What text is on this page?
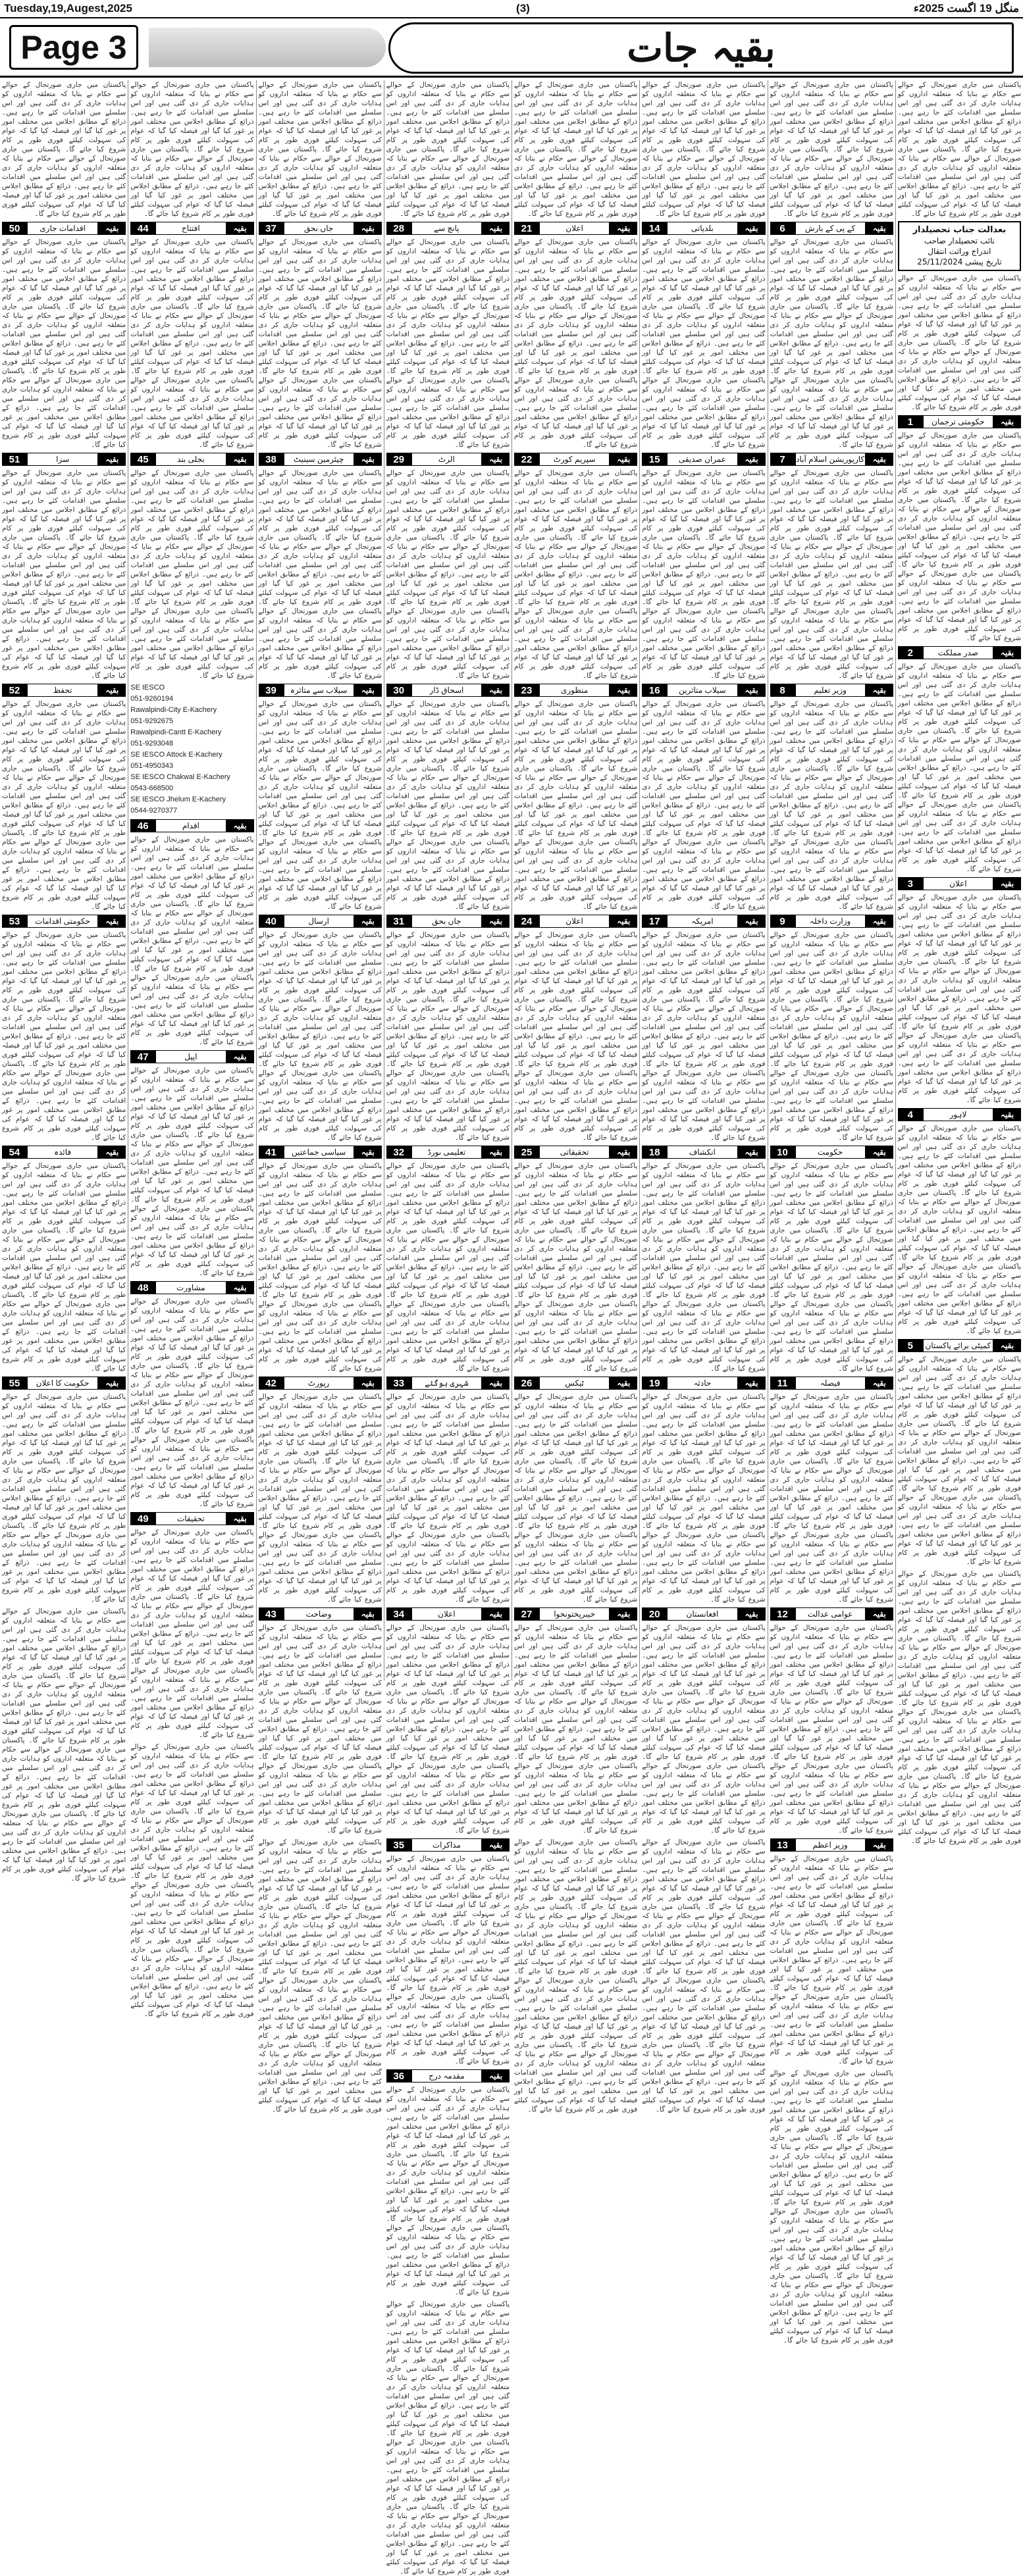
Tuesday,19,Augest,2025	(3)	منگل 19 اگست 2025ء
Page 3	بقیہ جات

پاکستان میں جاری صورتحال کے حوالے سے حکام نے بتایا کہ متعلقہ اداروں کو ہدایات جاری کر دی گئی ہیں اور اس سلسلے میں اقدامات کئے جا رہے ہیں۔ ذرائع کے مطابق اجلاس میں مختلف امور پر غور کیا گیا اور فیصلہ کیا گیا کہ عوام کی سہولت کیلئے فوری طور پر کام شروع کیا جائے گا۔ پاکستان میں جاری صورتحال کے حوالے سے حکام نے بتایا کہ متعلقہ اداروں کو ہدایات جاری کر دی گئی ہیں اور اس سلسلے میں اقدامات کئے جا رہے ہیں۔ ذرائع کے مطابق اجلاس میں مختلف امور پر غور کیا گیا اور فیصلہ کیا گیا کہ عوام کی سہولت کیلئے فوری طور پر کام شروع کیا جائے گا۔

بعدالت جناب تحصیلدار
نائب تحصیلدار صاحب
اندراج وراثت انتقال
تاریخ پیشی 25/11/2024

پاکستان میں جاری صورتحال کے حوالے سے حکام نے بتایا کہ متعلقہ اداروں کو ہدایات جاری کر دی گئی ہیں اور اس سلسلے میں اقدامات کئے جا رہے ہیں۔ ذرائع کے مطابق اجلاس میں مختلف امور پر غور کیا گیا اور فیصلہ کیا گیا کہ عوام کی سہولت کیلئے فوری طور پر کام شروع کیا جائے گا۔ پاکستان میں جاری صورتحال کے حوالے سے حکام نے بتایا کہ متعلقہ اداروں کو ہدایات جاری کر دی گئی ہیں اور اس سلسلے میں اقدامات کئے جا رہے ہیں۔ ذرائع کے مطابق اجلاس میں مختلف امور پر غور کیا گیا اور فیصلہ کیا گیا کہ عوام کی سہولت کیلئے فوری طور پر کام شروع کیا جائے گا۔

1	حکومتی ترجمان	بقیہ

پاکستان میں جاری صورتحال کے حوالے سے حکام نے بتایا کہ متعلقہ اداروں کو ہدایات جاری کر دی گئی ہیں اور اس سلسلے میں اقدامات کئے جا رہے ہیں۔ ذرائع کے مطابق اجلاس میں مختلف امور پر غور کیا گیا اور فیصلہ کیا گیا کہ عوام کی سہولت کیلئے فوری طور پر کام شروع کیا جائے گا۔ پاکستان میں جاری صورتحال کے حوالے سے حکام نے بتایا کہ متعلقہ اداروں کو ہدایات جاری کر دی گئی ہیں اور اس سلسلے میں اقدامات کئے جا رہے ہیں۔ ذرائع کے مطابق اجلاس میں مختلف امور پر غور کیا گیا اور فیصلہ کیا گیا کہ عوام کی سہولت کیلئے فوری طور پر کام شروع کیا جائے گا۔ پاکستان میں جاری صورتحال کے حوالے سے حکام نے بتایا کہ متعلقہ اداروں کو ہدایات جاری کر دی گئی ہیں اور اس سلسلے میں اقدامات کئے جا رہے ہیں۔ ذرائع کے مطابق اجلاس میں مختلف امور پر غور کیا گیا اور فیصلہ کیا گیا کہ عوام کی سہولت کیلئے فوری طور پر کام شروع کیا جائے گا۔

2	صدر مملکت	بقیہ

پاکستان میں جاری صورتحال کے حوالے سے حکام نے بتایا کہ متعلقہ اداروں کو ہدایات جاری کر دی گئی ہیں اور اس سلسلے میں اقدامات کئے جا رہے ہیں۔ ذرائع کے مطابق اجلاس میں مختلف امور پر غور کیا گیا اور فیصلہ کیا گیا کہ عوام کی سہولت کیلئے فوری طور پر کام شروع کیا جائے گا۔ پاکستان میں جاری صورتحال کے حوالے سے حکام نے بتایا کہ متعلقہ اداروں کو ہدایات جاری کر دی گئی ہیں اور اس سلسلے میں اقدامات کئے جا رہے ہیں۔ ذرائع کے مطابق اجلاس میں مختلف امور پر غور کیا گیا اور فیصلہ کیا گیا کہ عوام کی سہولت کیلئے فوری طور پر کام شروع کیا جائے گا۔ پاکستان میں جاری صورتحال کے حوالے سے حکام نے بتایا کہ متعلقہ اداروں کو ہدایات جاری کر دی گئی ہیں اور اس سلسلے میں اقدامات کئے جا رہے ہیں۔ ذرائع کے مطابق اجلاس میں مختلف امور پر غور کیا گیا اور فیصلہ کیا گیا کہ عوام کی سہولت کیلئے فوری طور پر کام شروع کیا جائے گا۔

3	اعلان	بقیہ

پاکستان میں جاری صورتحال کے حوالے سے حکام نے بتایا کہ متعلقہ اداروں کو ہدایات جاری کر دی گئی ہیں اور اس سلسلے میں اقدامات کئے جا رہے ہیں۔ ذرائع کے مطابق اجلاس میں مختلف امور پر غور کیا گیا اور فیصلہ کیا گیا کہ عوام کی سہولت کیلئے فوری طور پر کام شروع کیا جائے گا۔ پاکستان میں جاری صورتحال کے حوالے سے حکام نے بتایا کہ متعلقہ اداروں کو ہدایات جاری کر دی گئی ہیں اور اس سلسلے میں اقدامات کئے جا رہے ہیں۔ ذرائع کے مطابق اجلاس میں مختلف امور پر غور کیا گیا اور فیصلہ کیا گیا کہ عوام کی سہولت کیلئے فوری طور پر کام شروع کیا جائے گا۔ پاکستان میں جاری صورتحال کے حوالے سے حکام نے بتایا کہ متعلقہ اداروں کو ہدایات جاری کر دی گئی ہیں اور اس سلسلے میں اقدامات کئے جا رہے ہیں۔ ذرائع کے مطابق اجلاس میں مختلف امور پر غور کیا گیا اور فیصلہ کیا گیا کہ عوام کی سہولت کیلئے فوری طور پر کام شروع کیا جائے گا۔

4	لاہور	بقیہ

پاکستان میں جاری صورتحال کے حوالے سے حکام نے بتایا کہ متعلقہ اداروں کو ہدایات جاری کر دی گئی ہیں اور اس سلسلے میں اقدامات کئے جا رہے ہیں۔ ذرائع کے مطابق اجلاس میں مختلف امور پر غور کیا گیا اور فیصلہ کیا گیا کہ عوام کی سہولت کیلئے فوری طور پر کام شروع کیا جائے گا۔ پاکستان میں جاری صورتحال کے حوالے سے حکام نے بتایا کہ متعلقہ اداروں کو ہدایات جاری کر دی گئی ہیں اور اس سلسلے میں اقدامات کئے جا رہے ہیں۔ ذرائع کے مطابق اجلاس میں مختلف امور پر غور کیا گیا اور فیصلہ کیا گیا کہ عوام کی سہولت کیلئے فوری طور پر کام شروع کیا جائے گا۔ پاکستان میں جاری صورتحال کے حوالے سے حکام نے بتایا کہ متعلقہ اداروں کو ہدایات جاری کر دی گئی ہیں اور اس سلسلے میں اقدامات کئے جا رہے ہیں۔ ذرائع کے مطابق اجلاس میں مختلف امور پر غور کیا گیا اور فیصلہ کیا گیا کہ عوام کی سہولت کیلئے فوری طور پر کام شروع کیا جائے گا۔

5	کمیٹی برائے پاکستان	بقیہ

پاکستان میں جاری صورتحال کے حوالے سے حکام نے بتایا کہ متعلقہ اداروں کو ہدایات جاری کر دی گئی ہیں اور اس سلسلے میں اقدامات کئے جا رہے ہیں۔ ذرائع کے مطابق اجلاس میں مختلف امور پر غور کیا گیا اور فیصلہ کیا گیا کہ عوام کی سہولت کیلئے فوری طور پر کام شروع کیا جائے گا۔ پاکستان میں جاری صورتحال کے حوالے سے حکام نے بتایا کہ متعلقہ اداروں کو ہدایات جاری کر دی گئی ہیں اور اس سلسلے میں اقدامات کئے جا رہے ہیں۔ ذرائع کے مطابق اجلاس میں مختلف امور پر غور کیا گیا اور فیصلہ کیا گیا کہ عوام کی سہولت کیلئے فوری طور پر کام شروع کیا جائے گا۔ پاکستان میں جاری صورتحال کے حوالے سے حکام نے بتایا کہ متعلقہ اداروں کو ہدایات جاری کر دی گئی ہیں اور اس سلسلے میں اقدامات کئے جا رہے ہیں۔ ذرائع کے مطابق اجلاس میں مختلف امور پر غور کیا گیا اور فیصلہ کیا گیا کہ عوام کی سہولت کیلئے فوری طور پر کام شروع کیا جائے گا۔

پاکستان میں جاری صورتحال کے حوالے سے حکام نے بتایا کہ متعلقہ اداروں کو ہدایات جاری کر دی گئی ہیں اور اس سلسلے میں اقدامات کئے جا رہے ہیں۔ ذرائع کے مطابق اجلاس میں مختلف امور پر غور کیا گیا اور فیصلہ کیا گیا کہ عوام کی سہولت کیلئے فوری طور پر کام شروع کیا جائے گا۔ پاکستان میں جاری صورتحال کے حوالے سے حکام نے بتایا کہ متعلقہ اداروں کو ہدایات جاری کر دی گئی ہیں اور اس سلسلے میں اقدامات کئے جا رہے ہیں۔ ذرائع کے مطابق اجلاس میں مختلف امور پر غور کیا گیا اور فیصلہ کیا گیا کہ عوام کی سہولت کیلئے فوری طور پر کام شروع کیا جائے گا۔ پاکستان میں جاری صورتحال کے حوالے سے حکام نے بتایا کہ متعلقہ اداروں کو ہدایات جاری کر دی گئی ہیں اور اس سلسلے میں اقدامات کئے جا رہے ہیں۔ ذرائع کے مطابق اجلاس میں مختلف امور پر غور کیا گیا اور فیصلہ کیا گیا کہ عوام کی سہولت کیلئے فوری طور پر کام شروع کیا جائے گا۔ پاکستان میں جاری صورتحال کے حوالے سے حکام نے بتایا کہ متعلقہ اداروں کو ہدایات جاری کر دی گئی ہیں اور اس سلسلے میں اقدامات کئے جا رہے ہیں۔ ذرائع کے مطابق اجلاس میں مختلف امور پر غور کیا گیا اور فیصلہ کیا گیا کہ عوام کی سہولت کیلئے فوری طور پر کام شروع کیا جائے گا۔

پاکستان میں جاری صورتحال کے حوالے سے حکام نے بتایا کہ متعلقہ اداروں کو ہدایات جاری کر دی گئی ہیں اور اس سلسلے میں اقدامات کئے جا رہے ہیں۔ ذرائع کے مطابق اجلاس میں مختلف امور پر غور کیا گیا اور فیصلہ کیا گیا کہ عوام کی سہولت کیلئے فوری طور پر کام شروع کیا جائے گا۔ پاکستان میں جاری صورتحال کے حوالے سے حکام نے بتایا کہ متعلقہ اداروں کو ہدایات جاری کر دی گئی ہیں اور اس سلسلے میں اقدامات کئے جا رہے ہیں۔ ذرائع کے مطابق اجلاس میں مختلف امور پر غور کیا گیا اور فیصلہ کیا گیا کہ عوام کی سہولت کیلئے فوری طور پر کام شروع کیا جائے گا۔

6	کے پی کے بارش	بقیہ

پاکستان میں جاری صورتحال کے حوالے سے حکام نے بتایا کہ متعلقہ اداروں کو ہدایات جاری کر دی گئی ہیں اور اس سلسلے میں اقدامات کئے جا رہے ہیں۔ ذرائع کے مطابق اجلاس میں مختلف امور پر غور کیا گیا اور فیصلہ کیا گیا کہ عوام کی سہولت کیلئے فوری طور پر کام شروع کیا جائے گا۔ پاکستان میں جاری صورتحال کے حوالے سے حکام نے بتایا کہ متعلقہ اداروں کو ہدایات جاری کر دی گئی ہیں اور اس سلسلے میں اقدامات کئے جا رہے ہیں۔ ذرائع کے مطابق اجلاس میں مختلف امور پر غور کیا گیا اور فیصلہ کیا گیا کہ عوام کی سہولت کیلئے فوری طور پر کام شروع کیا جائے گا۔ پاکستان میں جاری صورتحال کے حوالے سے حکام نے بتایا کہ متعلقہ اداروں کو ہدایات جاری کر دی گئی ہیں اور اس سلسلے میں اقدامات کئے جا رہے ہیں۔ ذرائع کے مطابق اجلاس میں مختلف امور پر غور کیا گیا اور فیصلہ کیا گیا کہ عوام کی سہولت کیلئے فوری طور پر کام شروع کیا جائے گا۔

7	کارپوریشن اسلام آباد	بقیہ

پاکستان میں جاری صورتحال کے حوالے سے حکام نے بتایا کہ متعلقہ اداروں کو ہدایات جاری کر دی گئی ہیں اور اس سلسلے میں اقدامات کئے جا رہے ہیں۔ ذرائع کے مطابق اجلاس میں مختلف امور پر غور کیا گیا اور فیصلہ کیا گیا کہ عوام کی سہولت کیلئے فوری طور پر کام شروع کیا جائے گا۔ پاکستان میں جاری صورتحال کے حوالے سے حکام نے بتایا کہ متعلقہ اداروں کو ہدایات جاری کر دی گئی ہیں اور اس سلسلے میں اقدامات کئے جا رہے ہیں۔ ذرائع کے مطابق اجلاس میں مختلف امور پر غور کیا گیا اور فیصلہ کیا گیا کہ عوام کی سہولت کیلئے فوری طور پر کام شروع کیا جائے گا۔ پاکستان میں جاری صورتحال کے حوالے سے حکام نے بتایا کہ متعلقہ اداروں کو ہدایات جاری کر دی گئی ہیں اور اس سلسلے میں اقدامات کئے جا رہے ہیں۔ ذرائع کے مطابق اجلاس میں مختلف امور پر غور کیا گیا اور فیصلہ کیا گیا کہ عوام کی سہولت کیلئے فوری طور پر کام شروع کیا جائے گا۔

8	وزیر تعلیم	بقیہ

پاکستان میں جاری صورتحال کے حوالے سے حکام نے بتایا کہ متعلقہ اداروں کو ہدایات جاری کر دی گئی ہیں اور اس سلسلے میں اقدامات کئے جا رہے ہیں۔ ذرائع کے مطابق اجلاس میں مختلف امور پر غور کیا گیا اور فیصلہ کیا گیا کہ عوام کی سہولت کیلئے فوری طور پر کام شروع کیا جائے گا۔ پاکستان میں جاری صورتحال کے حوالے سے حکام نے بتایا کہ متعلقہ اداروں کو ہدایات جاری کر دی گئی ہیں اور اس سلسلے میں اقدامات کئے جا رہے ہیں۔ ذرائع کے مطابق اجلاس میں مختلف امور پر غور کیا گیا اور فیصلہ کیا گیا کہ عوام کی سہولت کیلئے فوری طور پر کام شروع کیا جائے گا۔ پاکستان میں جاری صورتحال کے حوالے سے حکام نے بتایا کہ متعلقہ اداروں کو ہدایات جاری کر دی گئی ہیں اور اس سلسلے میں اقدامات کئے جا رہے ہیں۔ ذرائع کے مطابق اجلاس میں مختلف امور پر غور کیا گیا اور فیصلہ کیا گیا کہ عوام کی سہولت کیلئے فوری طور پر کام شروع کیا جائے گا۔

9	وزارت داخلہ	بقیہ

پاکستان میں جاری صورتحال کے حوالے سے حکام نے بتایا کہ متعلقہ اداروں کو ہدایات جاری کر دی گئی ہیں اور اس سلسلے میں اقدامات کئے جا رہے ہیں۔ ذرائع کے مطابق اجلاس میں مختلف امور پر غور کیا گیا اور فیصلہ کیا گیا کہ عوام کی سہولت کیلئے فوری طور پر کام شروع کیا جائے گا۔ پاکستان میں جاری صورتحال کے حوالے سے حکام نے بتایا کہ متعلقہ اداروں کو ہدایات جاری کر دی گئی ہیں اور اس سلسلے میں اقدامات کئے جا رہے ہیں۔ ذرائع کے مطابق اجلاس میں مختلف امور پر غور کیا گیا اور فیصلہ کیا گیا کہ عوام کی سہولت کیلئے فوری طور پر کام شروع کیا جائے گا۔ پاکستان میں جاری صورتحال کے حوالے سے حکام نے بتایا کہ متعلقہ اداروں کو ہدایات جاری کر دی گئی ہیں اور اس سلسلے میں اقدامات کئے جا رہے ہیں۔ ذرائع کے مطابق اجلاس میں مختلف امور پر غور کیا گیا اور فیصلہ کیا گیا کہ عوام کی سہولت کیلئے فوری طور پر کام شروع کیا جائے گا۔

10	حکومت	بقیہ

پاکستان میں جاری صورتحال کے حوالے سے حکام نے بتایا کہ متعلقہ اداروں کو ہدایات جاری کر دی گئی ہیں اور اس سلسلے میں اقدامات کئے جا رہے ہیں۔ ذرائع کے مطابق اجلاس میں مختلف امور پر غور کیا گیا اور فیصلہ کیا گیا کہ عوام کی سہولت کیلئے فوری طور پر کام شروع کیا جائے گا۔ پاکستان میں جاری صورتحال کے حوالے سے حکام نے بتایا کہ متعلقہ اداروں کو ہدایات جاری کر دی گئی ہیں اور اس سلسلے میں اقدامات کئے جا رہے ہیں۔ ذرائع کے مطابق اجلاس میں مختلف امور پر غور کیا گیا اور فیصلہ کیا گیا کہ عوام کی سہولت کیلئے فوری طور پر کام شروع کیا جائے گا۔ پاکستان میں جاری صورتحال کے حوالے سے حکام نے بتایا کہ متعلقہ اداروں کو ہدایات جاری کر دی گئی ہیں اور اس سلسلے میں اقدامات کئے جا رہے ہیں۔ ذرائع کے مطابق اجلاس میں مختلف امور پر غور کیا گیا اور فیصلہ کیا گیا کہ عوام کی سہولت کیلئے فوری طور پر کام شروع کیا جائے گا۔

11	فیصلہ	بقیہ

پاکستان میں جاری صورتحال کے حوالے سے حکام نے بتایا کہ متعلقہ اداروں کو ہدایات جاری کر دی گئی ہیں اور اس سلسلے میں اقدامات کئے جا رہے ہیں۔ ذرائع کے مطابق اجلاس میں مختلف امور پر غور کیا گیا اور فیصلہ کیا گیا کہ عوام کی سہولت کیلئے فوری طور پر کام شروع کیا جائے گا۔ پاکستان میں جاری صورتحال کے حوالے سے حکام نے بتایا کہ متعلقہ اداروں کو ہدایات جاری کر دی گئی ہیں اور اس سلسلے میں اقدامات کئے جا رہے ہیں۔ ذرائع کے مطابق اجلاس میں مختلف امور پر غور کیا گیا اور فیصلہ کیا گیا کہ عوام کی سہولت کیلئے فوری طور پر کام شروع کیا جائے گا۔ پاکستان میں جاری صورتحال کے حوالے سے حکام نے بتایا کہ متعلقہ اداروں کو ہدایات جاری کر دی گئی ہیں اور اس سلسلے میں اقدامات کئے جا رہے ہیں۔ ذرائع کے مطابق اجلاس میں مختلف امور پر غور کیا گیا اور فیصلہ کیا گیا کہ عوام کی سہولت کیلئے فوری طور پر کام شروع کیا جائے گا۔

12	عوامی عدالت	بقیہ

پاکستان میں جاری صورتحال کے حوالے سے حکام نے بتایا کہ متعلقہ اداروں کو ہدایات جاری کر دی گئی ہیں اور اس سلسلے میں اقدامات کئے جا رہے ہیں۔ ذرائع کے مطابق اجلاس میں مختلف امور پر غور کیا گیا اور فیصلہ کیا گیا کہ عوام کی سہولت کیلئے فوری طور پر کام شروع کیا جائے گا۔ پاکستان میں جاری صورتحال کے حوالے سے حکام نے بتایا کہ متعلقہ اداروں کو ہدایات جاری کر دی گئی ہیں اور اس سلسلے میں اقدامات کئے جا رہے ہیں۔ ذرائع کے مطابق اجلاس میں مختلف امور پر غور کیا گیا اور فیصلہ کیا گیا کہ عوام کی سہولت کیلئے فوری طور پر کام شروع کیا جائے گا۔ پاکستان میں جاری صورتحال کے حوالے سے حکام نے بتایا کہ متعلقہ اداروں کو ہدایات جاری کر دی گئی ہیں اور اس سلسلے میں اقدامات کئے جا رہے ہیں۔ ذرائع کے مطابق اجلاس میں مختلف امور پر غور کیا گیا اور فیصلہ کیا گیا کہ عوام کی سہولت کیلئے فوری طور پر کام شروع کیا جائے گا۔

13	وزیر اعظم	بقیہ

پاکستان میں جاری صورتحال کے حوالے سے حکام نے بتایا کہ متعلقہ اداروں کو ہدایات جاری کر دی گئی ہیں اور اس سلسلے میں اقدامات کئے جا رہے ہیں۔ ذرائع کے مطابق اجلاس میں مختلف امور پر غور کیا گیا اور فیصلہ کیا گیا کہ عوام کی سہولت کیلئے فوری طور پر کام شروع کیا جائے گا۔ پاکستان میں جاری صورتحال کے حوالے سے حکام نے بتایا کہ متعلقہ اداروں کو ہدایات جاری کر دی گئی ہیں اور اس سلسلے میں اقدامات کئے جا رہے ہیں۔ ذرائع کے مطابق اجلاس میں مختلف امور پر غور کیا گیا اور فیصلہ کیا گیا کہ عوام کی سہولت کیلئے فوری طور پر کام شروع کیا جائے گا۔ پاکستان میں جاری صورتحال کے حوالے سے حکام نے بتایا کہ متعلقہ اداروں کو ہدایات جاری کر دی گئی ہیں اور اس سلسلے میں اقدامات کئے جا رہے ہیں۔ ذرائع کے مطابق اجلاس میں مختلف امور پر غور کیا گیا اور فیصلہ کیا گیا کہ عوام کی سہولت کیلئے فوری طور پر کام شروع کیا جائے گا۔

پاکستان میں جاری صورتحال کے حوالے سے حکام نے بتایا کہ متعلقہ اداروں کو ہدایات جاری کر دی گئی ہیں اور اس سلسلے میں اقدامات کئے جا رہے ہیں۔ ذرائع کے مطابق اجلاس میں مختلف امور پر غور کیا گیا اور فیصلہ کیا گیا کہ عوام کی سہولت کیلئے فوری طور پر کام شروع کیا جائے گا۔ پاکستان میں جاری صورتحال کے حوالے سے حکام نے بتایا کہ متعلقہ اداروں کو ہدایات جاری کر دی گئی ہیں اور اس سلسلے میں اقدامات کئے جا رہے ہیں۔ ذرائع کے مطابق اجلاس میں مختلف امور پر غور کیا گیا اور فیصلہ کیا گیا کہ عوام کی سہولت کیلئے فوری طور پر کام شروع کیا جائے گا۔ پاکستان میں جاری صورتحال کے حوالے سے حکام نے بتایا کہ متعلقہ اداروں کو ہدایات جاری کر دی گئی ہیں اور اس سلسلے میں اقدامات کئے جا رہے ہیں۔ ذرائع کے مطابق اجلاس میں مختلف امور پر غور کیا گیا اور فیصلہ کیا گیا کہ عوام کی سہولت کیلئے فوری طور پر کام شروع کیا جائے گا۔ پاکستان میں جاری صورتحال کے حوالے سے حکام نے بتایا کہ متعلقہ اداروں کو ہدایات جاری کر دی گئی ہیں اور اس سلسلے میں اقدامات کئے جا رہے ہیں۔ ذرائع کے مطابق اجلاس میں مختلف امور پر غور کیا گیا اور فیصلہ کیا گیا کہ عوام کی سہولت کیلئے فوری طور پر کام شروع کیا جائے گا۔

پاکستان میں جاری صورتحال کے حوالے سے حکام نے بتایا کہ متعلقہ اداروں کو ہدایات جاری کر دی گئی ہیں اور اس سلسلے میں اقدامات کئے جا رہے ہیں۔ ذرائع کے مطابق اجلاس میں مختلف امور پر غور کیا گیا اور فیصلہ کیا گیا کہ عوام کی سہولت کیلئے فوری طور پر کام شروع کیا جائے گا۔ پاکستان میں جاری صورتحال کے حوالے سے حکام نے بتایا کہ متعلقہ اداروں کو ہدایات جاری کر دی گئی ہیں اور اس سلسلے میں اقدامات کئے جا رہے ہیں۔ ذرائع کے مطابق اجلاس میں مختلف امور پر غور کیا گیا اور فیصلہ کیا گیا کہ عوام کی سہولت کیلئے فوری طور پر کام شروع کیا جائے گا۔

14	بلدیاتی	بقیہ

پاکستان میں جاری صورتحال کے حوالے سے حکام نے بتایا کہ متعلقہ اداروں کو ہدایات جاری کر دی گئی ہیں اور اس سلسلے میں اقدامات کئے جا رہے ہیں۔ ذرائع کے مطابق اجلاس میں مختلف امور پر غور کیا گیا اور فیصلہ کیا گیا کہ عوام کی سہولت کیلئے فوری طور پر کام شروع کیا جائے گا۔ پاکستان میں جاری صورتحال کے حوالے سے حکام نے بتایا کہ متعلقہ اداروں کو ہدایات جاری کر دی گئی ہیں اور اس سلسلے میں اقدامات کئے جا رہے ہیں۔ ذرائع کے مطابق اجلاس میں مختلف امور پر غور کیا گیا اور فیصلہ کیا گیا کہ عوام کی سہولت کیلئے فوری طور پر کام شروع کیا جائے گا۔ پاکستان میں جاری صورتحال کے حوالے سے حکام نے بتایا کہ متعلقہ اداروں کو ہدایات جاری کر دی گئی ہیں اور اس سلسلے میں اقدامات کئے جا رہے ہیں۔ ذرائع کے مطابق اجلاس میں مختلف امور پر غور کیا گیا اور فیصلہ کیا گیا کہ عوام کی سہولت کیلئے فوری طور پر کام شروع کیا جائے گا۔

15	عمران صدیقی	بقیہ

پاکستان میں جاری صورتحال کے حوالے سے حکام نے بتایا کہ متعلقہ اداروں کو ہدایات جاری کر دی گئی ہیں اور اس سلسلے میں اقدامات کئے جا رہے ہیں۔ ذرائع کے مطابق اجلاس میں مختلف امور پر غور کیا گیا اور فیصلہ کیا گیا کہ عوام کی سہولت کیلئے فوری طور پر کام شروع کیا جائے گا۔ پاکستان میں جاری صورتحال کے حوالے سے حکام نے بتایا کہ متعلقہ اداروں کو ہدایات جاری کر دی گئی ہیں اور اس سلسلے میں اقدامات کئے جا رہے ہیں۔ ذرائع کے مطابق اجلاس میں مختلف امور پر غور کیا گیا اور فیصلہ کیا گیا کہ عوام کی سہولت کیلئے فوری طور پر کام شروع کیا جائے گا۔ پاکستان میں جاری صورتحال کے حوالے سے حکام نے بتایا کہ متعلقہ اداروں کو ہدایات جاری کر دی گئی ہیں اور اس سلسلے میں اقدامات کئے جا رہے ہیں۔ ذرائع کے مطابق اجلاس میں مختلف امور پر غور کیا گیا اور فیصلہ کیا گیا کہ عوام کی سہولت کیلئے فوری طور پر کام شروع کیا جائے گا۔

16	سیلاب متاثرین	بقیہ

پاکستان میں جاری صورتحال کے حوالے سے حکام نے بتایا کہ متعلقہ اداروں کو ہدایات جاری کر دی گئی ہیں اور اس سلسلے میں اقدامات کئے جا رہے ہیں۔ ذرائع کے مطابق اجلاس میں مختلف امور پر غور کیا گیا اور فیصلہ کیا گیا کہ عوام کی سہولت کیلئے فوری طور پر کام شروع کیا جائے گا۔ پاکستان میں جاری صورتحال کے حوالے سے حکام نے بتایا کہ متعلقہ اداروں کو ہدایات جاری کر دی گئی ہیں اور اس سلسلے میں اقدامات کئے جا رہے ہیں۔ ذرائع کے مطابق اجلاس میں مختلف امور پر غور کیا گیا اور فیصلہ کیا گیا کہ عوام کی سہولت کیلئے فوری طور پر کام شروع کیا جائے گا۔ پاکستان میں جاری صورتحال کے حوالے سے حکام نے بتایا کہ متعلقہ اداروں کو ہدایات جاری کر دی گئی ہیں اور اس سلسلے میں اقدامات کئے جا رہے ہیں۔ ذرائع کے مطابق اجلاس میں مختلف امور پر غور کیا گیا اور فیصلہ کیا گیا کہ عوام کی سہولت کیلئے فوری طور پر کام شروع کیا جائے گا۔

17	امریکہ	بقیہ

پاکستان میں جاری صورتحال کے حوالے سے حکام نے بتایا کہ متعلقہ اداروں کو ہدایات جاری کر دی گئی ہیں اور اس سلسلے میں اقدامات کئے جا رہے ہیں۔ ذرائع کے مطابق اجلاس میں مختلف امور پر غور کیا گیا اور فیصلہ کیا گیا کہ عوام کی سہولت کیلئے فوری طور پر کام شروع کیا جائے گا۔ پاکستان میں جاری صورتحال کے حوالے سے حکام نے بتایا کہ متعلقہ اداروں کو ہدایات جاری کر دی گئی ہیں اور اس سلسلے میں اقدامات کئے جا رہے ہیں۔ ذرائع کے مطابق اجلاس میں مختلف امور پر غور کیا گیا اور فیصلہ کیا گیا کہ عوام کی سہولت کیلئے فوری طور پر کام شروع کیا جائے گا۔ پاکستان میں جاری صورتحال کے حوالے سے حکام نے بتایا کہ متعلقہ اداروں کو ہدایات جاری کر دی گئی ہیں اور اس سلسلے میں اقدامات کئے جا رہے ہیں۔ ذرائع کے مطابق اجلاس میں مختلف امور پر غور کیا گیا اور فیصلہ کیا گیا کہ عوام کی سہولت کیلئے فوری طور پر کام شروع کیا جائے گا۔

18	انکشاف	بقیہ

پاکستان میں جاری صورتحال کے حوالے سے حکام نے بتایا کہ متعلقہ اداروں کو ہدایات جاری کر دی گئی ہیں اور اس سلسلے میں اقدامات کئے جا رہے ہیں۔ ذرائع کے مطابق اجلاس میں مختلف امور پر غور کیا گیا اور فیصلہ کیا گیا کہ عوام کی سہولت کیلئے فوری طور پر کام شروع کیا جائے گا۔ پاکستان میں جاری صورتحال کے حوالے سے حکام نے بتایا کہ متعلقہ اداروں کو ہدایات جاری کر دی گئی ہیں اور اس سلسلے میں اقدامات کئے جا رہے ہیں۔ ذرائع کے مطابق اجلاس میں مختلف امور پر غور کیا گیا اور فیصلہ کیا گیا کہ عوام کی سہولت کیلئے فوری طور پر کام شروع کیا جائے گا۔ پاکستان میں جاری صورتحال کے حوالے سے حکام نے بتایا کہ متعلقہ اداروں کو ہدایات جاری کر دی گئی ہیں اور اس سلسلے میں اقدامات کئے جا رہے ہیں۔ ذرائع کے مطابق اجلاس میں مختلف امور پر غور کیا گیا اور فیصلہ کیا گیا کہ عوام کی سہولت کیلئے فوری طور پر کام شروع کیا جائے گا۔

19	حادثہ	بقیہ

پاکستان میں جاری صورتحال کے حوالے سے حکام نے بتایا کہ متعلقہ اداروں کو ہدایات جاری کر دی گئی ہیں اور اس سلسلے میں اقدامات کئے جا رہے ہیں۔ ذرائع کے مطابق اجلاس میں مختلف امور پر غور کیا گیا اور فیصلہ کیا گیا کہ عوام کی سہولت کیلئے فوری طور پر کام شروع کیا جائے گا۔ پاکستان میں جاری صورتحال کے حوالے سے حکام نے بتایا کہ متعلقہ اداروں کو ہدایات جاری کر دی گئی ہیں اور اس سلسلے میں اقدامات کئے جا رہے ہیں۔ ذرائع کے مطابق اجلاس میں مختلف امور پر غور کیا گیا اور فیصلہ کیا گیا کہ عوام کی سہولت کیلئے فوری طور پر کام شروع کیا جائے گا۔ پاکستان میں جاری صورتحال کے حوالے سے حکام نے بتایا کہ متعلقہ اداروں کو ہدایات جاری کر دی گئی ہیں اور اس سلسلے میں اقدامات کئے جا رہے ہیں۔ ذرائع کے مطابق اجلاس میں مختلف امور پر غور کیا گیا اور فیصلہ کیا گیا کہ عوام کی سہولت کیلئے فوری طور پر کام شروع کیا جائے گا۔

20	افغانستان	بقیہ

پاکستان میں جاری صورتحال کے حوالے سے حکام نے بتایا کہ متعلقہ اداروں کو ہدایات جاری کر دی گئی ہیں اور اس سلسلے میں اقدامات کئے جا رہے ہیں۔ ذرائع کے مطابق اجلاس میں مختلف امور پر غور کیا گیا اور فیصلہ کیا گیا کہ عوام کی سہولت کیلئے فوری طور پر کام شروع کیا جائے گا۔ پاکستان میں جاری صورتحال کے حوالے سے حکام نے بتایا کہ متعلقہ اداروں کو ہدایات جاری کر دی گئی ہیں اور اس سلسلے میں اقدامات کئے جا رہے ہیں۔ ذرائع کے مطابق اجلاس میں مختلف امور پر غور کیا گیا اور فیصلہ کیا گیا کہ عوام کی سہولت کیلئے فوری طور پر کام شروع کیا جائے گا۔ پاکستان میں جاری صورتحال کے حوالے سے حکام نے بتایا کہ متعلقہ اداروں کو ہدایات جاری کر دی گئی ہیں اور اس سلسلے میں اقدامات کئے جا رہے ہیں۔ ذرائع کے مطابق اجلاس میں مختلف امور پر غور کیا گیا اور فیصلہ کیا گیا کہ عوام کی سہولت کیلئے فوری طور پر کام شروع کیا جائے گا۔

پاکستان میں جاری صورتحال کے حوالے سے حکام نے بتایا کہ متعلقہ اداروں کو ہدایات جاری کر دی گئی ہیں اور اس سلسلے میں اقدامات کئے جا رہے ہیں۔ ذرائع کے مطابق اجلاس میں مختلف امور پر غور کیا گیا اور فیصلہ کیا گیا کہ عوام کی سہولت کیلئے فوری طور پر کام شروع کیا جائے گا۔ پاکستان میں جاری صورتحال کے حوالے سے حکام نے بتایا کہ متعلقہ اداروں کو ہدایات جاری کر دی گئی ہیں اور اس سلسلے میں اقدامات کئے جا رہے ہیں۔ ذرائع کے مطابق اجلاس میں مختلف امور پر غور کیا گیا اور فیصلہ کیا گیا کہ عوام کی سہولت کیلئے فوری طور پر کام شروع کیا جائے گا۔ پاکستان میں جاری صورتحال کے حوالے سے حکام نے بتایا کہ متعلقہ اداروں کو ہدایات جاری کر دی گئی ہیں اور اس سلسلے میں اقدامات کئے جا رہے ہیں۔ ذرائع کے مطابق اجلاس میں مختلف امور پر غور کیا گیا اور فیصلہ کیا گیا کہ عوام کی سہولت کیلئے فوری طور پر کام شروع کیا جائے گا۔ پاکستان میں جاری صورتحال کے حوالے سے حکام نے بتایا کہ متعلقہ اداروں کو ہدایات جاری کر دی گئی ہیں اور اس سلسلے میں اقدامات کئے جا رہے ہیں۔ ذرائع کے مطابق اجلاس میں مختلف امور پر غور کیا گیا اور فیصلہ کیا گیا کہ عوام کی سہولت کیلئے فوری طور پر کام شروع کیا جائے گا۔

پاکستان میں جاری صورتحال کے حوالے سے حکام نے بتایا کہ متعلقہ اداروں کو ہدایات جاری کر دی گئی ہیں اور اس سلسلے میں اقدامات کئے جا رہے ہیں۔ ذرائع کے مطابق اجلاس میں مختلف امور پر غور کیا گیا اور فیصلہ کیا گیا کہ عوام کی سہولت کیلئے فوری طور پر کام شروع کیا جائے گا۔ پاکستان میں جاری صورتحال کے حوالے سے حکام نے بتایا کہ متعلقہ اداروں کو ہدایات جاری کر دی گئی ہیں اور اس سلسلے میں اقدامات کئے جا رہے ہیں۔ ذرائع کے مطابق اجلاس میں مختلف امور پر غور کیا گیا اور فیصلہ کیا گیا کہ عوام کی سہولت کیلئے فوری طور پر کام شروع کیا جائے گا۔

21	اعلان	بقیہ

پاکستان میں جاری صورتحال کے حوالے سے حکام نے بتایا کہ متعلقہ اداروں کو ہدایات جاری کر دی گئی ہیں اور اس سلسلے میں اقدامات کئے جا رہے ہیں۔ ذرائع کے مطابق اجلاس میں مختلف امور پر غور کیا گیا اور فیصلہ کیا گیا کہ عوام کی سہولت کیلئے فوری طور پر کام شروع کیا جائے گا۔ پاکستان میں جاری صورتحال کے حوالے سے حکام نے بتایا کہ متعلقہ اداروں کو ہدایات جاری کر دی گئی ہیں اور اس سلسلے میں اقدامات کئے جا رہے ہیں۔ ذرائع کے مطابق اجلاس میں مختلف امور پر غور کیا گیا اور فیصلہ کیا گیا کہ عوام کی سہولت کیلئے فوری طور پر کام شروع کیا جائے گا۔ پاکستان میں جاری صورتحال کے حوالے سے حکام نے بتایا کہ متعلقہ اداروں کو ہدایات جاری کر دی گئی ہیں اور اس سلسلے میں اقدامات کئے جا رہے ہیں۔ ذرائع کے مطابق اجلاس میں مختلف امور پر غور کیا گیا اور فیصلہ کیا گیا کہ عوام کی سہولت کیلئے فوری طور پر کام شروع کیا جائے گا۔

22	سپریم کورٹ	بقیہ

پاکستان میں جاری صورتحال کے حوالے سے حکام نے بتایا کہ متعلقہ اداروں کو ہدایات جاری کر دی گئی ہیں اور اس سلسلے میں اقدامات کئے جا رہے ہیں۔ ذرائع کے مطابق اجلاس میں مختلف امور پر غور کیا گیا اور فیصلہ کیا گیا کہ عوام کی سہولت کیلئے فوری طور پر کام شروع کیا جائے گا۔ پاکستان میں جاری صورتحال کے حوالے سے حکام نے بتایا کہ متعلقہ اداروں کو ہدایات جاری کر دی گئی ہیں اور اس سلسلے میں اقدامات کئے جا رہے ہیں۔ ذرائع کے مطابق اجلاس میں مختلف امور پر غور کیا گیا اور فیصلہ کیا گیا کہ عوام کی سہولت کیلئے فوری طور پر کام شروع کیا جائے گا۔ پاکستان میں جاری صورتحال کے حوالے سے حکام نے بتایا کہ متعلقہ اداروں کو ہدایات جاری کر دی گئی ہیں اور اس سلسلے میں اقدامات کئے جا رہے ہیں۔ ذرائع کے مطابق اجلاس میں مختلف امور پر غور کیا گیا اور فیصلہ کیا گیا کہ عوام کی سہولت کیلئے فوری طور پر کام شروع کیا جائے گا۔

23	منظوری	بقیہ

پاکستان میں جاری صورتحال کے حوالے سے حکام نے بتایا کہ متعلقہ اداروں کو ہدایات جاری کر دی گئی ہیں اور اس سلسلے میں اقدامات کئے جا رہے ہیں۔ ذرائع کے مطابق اجلاس میں مختلف امور پر غور کیا گیا اور فیصلہ کیا گیا کہ عوام کی سہولت کیلئے فوری طور پر کام شروع کیا جائے گا۔ پاکستان میں جاری صورتحال کے حوالے سے حکام نے بتایا کہ متعلقہ اداروں کو ہدایات جاری کر دی گئی ہیں اور اس سلسلے میں اقدامات کئے جا رہے ہیں۔ ذرائع کے مطابق اجلاس میں مختلف امور پر غور کیا گیا اور فیصلہ کیا گیا کہ عوام کی سہولت کیلئے فوری طور پر کام شروع کیا جائے گا۔ پاکستان میں جاری صورتحال کے حوالے سے حکام نے بتایا کہ متعلقہ اداروں کو ہدایات جاری کر دی گئی ہیں اور اس سلسلے میں اقدامات کئے جا رہے ہیں۔ ذرائع کے مطابق اجلاس میں مختلف امور پر غور کیا گیا اور فیصلہ کیا گیا کہ عوام کی سہولت کیلئے فوری طور پر کام شروع کیا جائے گا۔

24	اعلان	بقیہ

پاکستان میں جاری صورتحال کے حوالے سے حکام نے بتایا کہ متعلقہ اداروں کو ہدایات جاری کر دی گئی ہیں اور اس سلسلے میں اقدامات کئے جا رہے ہیں۔ ذرائع کے مطابق اجلاس میں مختلف امور پر غور کیا گیا اور فیصلہ کیا گیا کہ عوام کی سہولت کیلئے فوری طور پر کام شروع کیا جائے گا۔ پاکستان میں جاری صورتحال کے حوالے سے حکام نے بتایا کہ متعلقہ اداروں کو ہدایات جاری کر دی گئی ہیں اور اس سلسلے میں اقدامات کئے جا رہے ہیں۔ ذرائع کے مطابق اجلاس میں مختلف امور پر غور کیا گیا اور فیصلہ کیا گیا کہ عوام کی سہولت کیلئے فوری طور پر کام شروع کیا جائے گا۔ پاکستان میں جاری صورتحال کے حوالے سے حکام نے بتایا کہ متعلقہ اداروں کو ہدایات جاری کر دی گئی ہیں اور اس سلسلے میں اقدامات کئے جا رہے ہیں۔ ذرائع کے مطابق اجلاس میں مختلف امور پر غور کیا گیا اور فیصلہ کیا گیا کہ عوام کی سہولت کیلئے فوری طور پر کام شروع کیا جائے گا۔

25	تحقیقاتی	بقیہ

پاکستان میں جاری صورتحال کے حوالے سے حکام نے بتایا کہ متعلقہ اداروں کو ہدایات جاری کر دی گئی ہیں اور اس سلسلے میں اقدامات کئے جا رہے ہیں۔ ذرائع کے مطابق اجلاس میں مختلف امور پر غور کیا گیا اور فیصلہ کیا گیا کہ عوام کی سہولت کیلئے فوری طور پر کام شروع کیا جائے گا۔ پاکستان میں جاری صورتحال کے حوالے سے حکام نے بتایا کہ متعلقہ اداروں کو ہدایات جاری کر دی گئی ہیں اور اس سلسلے میں اقدامات کئے جا رہے ہیں۔ ذرائع کے مطابق اجلاس میں مختلف امور پر غور کیا گیا اور فیصلہ کیا گیا کہ عوام کی سہولت کیلئے فوری طور پر کام شروع کیا جائے گا۔ پاکستان میں جاری صورتحال کے حوالے سے حکام نے بتایا کہ متعلقہ اداروں کو ہدایات جاری کر دی گئی ہیں اور اس سلسلے میں اقدامات کئے جا رہے ہیں۔ ذرائع کے مطابق اجلاس میں مختلف امور پر غور کیا گیا اور فیصلہ کیا گیا کہ عوام کی سہولت کیلئے فوری طور پر کام شروع کیا جائے گا۔

26	ٹیکس	بقیہ

پاکستان میں جاری صورتحال کے حوالے سے حکام نے بتایا کہ متعلقہ اداروں کو ہدایات جاری کر دی گئی ہیں اور اس سلسلے میں اقدامات کئے جا رہے ہیں۔ ذرائع کے مطابق اجلاس میں مختلف امور پر غور کیا گیا اور فیصلہ کیا گیا کہ عوام کی سہولت کیلئے فوری طور پر کام شروع کیا جائے گا۔ پاکستان میں جاری صورتحال کے حوالے سے حکام نے بتایا کہ متعلقہ اداروں کو ہدایات جاری کر دی گئی ہیں اور اس سلسلے میں اقدامات کئے جا رہے ہیں۔ ذرائع کے مطابق اجلاس میں مختلف امور پر غور کیا گیا اور فیصلہ کیا گیا کہ عوام کی سہولت کیلئے فوری طور پر کام شروع کیا جائے گا۔ پاکستان میں جاری صورتحال کے حوالے سے حکام نے بتایا کہ متعلقہ اداروں کو ہدایات جاری کر دی گئی ہیں اور اس سلسلے میں اقدامات کئے جا رہے ہیں۔ ذرائع کے مطابق اجلاس میں مختلف امور پر غور کیا گیا اور فیصلہ کیا گیا کہ عوام کی سہولت کیلئے فوری طور پر کام شروع کیا جائے گا۔

27	خیبرپختونخوا	بقیہ

پاکستان میں جاری صورتحال کے حوالے سے حکام نے بتایا کہ متعلقہ اداروں کو ہدایات جاری کر دی گئی ہیں اور اس سلسلے میں اقدامات کئے جا رہے ہیں۔ ذرائع کے مطابق اجلاس میں مختلف امور پر غور کیا گیا اور فیصلہ کیا گیا کہ عوام کی سہولت کیلئے فوری طور پر کام شروع کیا جائے گا۔ پاکستان میں جاری صورتحال کے حوالے سے حکام نے بتایا کہ متعلقہ اداروں کو ہدایات جاری کر دی گئی ہیں اور اس سلسلے میں اقدامات کئے جا رہے ہیں۔ ذرائع کے مطابق اجلاس میں مختلف امور پر غور کیا گیا اور فیصلہ کیا گیا کہ عوام کی سہولت کیلئے فوری طور پر کام شروع کیا جائے گا۔ پاکستان میں جاری صورتحال کے حوالے سے حکام نے بتایا کہ متعلقہ اداروں کو ہدایات جاری کر دی گئی ہیں اور اس سلسلے میں اقدامات کئے جا رہے ہیں۔ ذرائع کے مطابق اجلاس میں مختلف امور پر غور کیا گیا اور فیصلہ کیا گیا کہ عوام کی سہولت کیلئے فوری طور پر کام شروع کیا جائے گا۔

پاکستان میں جاری صورتحال کے حوالے سے حکام نے بتایا کہ متعلقہ اداروں کو ہدایات جاری کر دی گئی ہیں اور اس سلسلے میں اقدامات کئے جا رہے ہیں۔ ذرائع کے مطابق اجلاس میں مختلف امور پر غور کیا گیا اور فیصلہ کیا گیا کہ عوام کی سہولت کیلئے فوری طور پر کام شروع کیا جائے گا۔ پاکستان میں جاری صورتحال کے حوالے سے حکام نے بتایا کہ متعلقہ اداروں کو ہدایات جاری کر دی گئی ہیں اور اس سلسلے میں اقدامات کئے جا رہے ہیں۔ ذرائع کے مطابق اجلاس میں مختلف امور پر غور کیا گیا اور فیصلہ کیا گیا کہ عوام کی سہولت کیلئے فوری طور پر کام شروع کیا جائے گا۔ پاکستان میں جاری صورتحال کے حوالے سے حکام نے بتایا کہ متعلقہ اداروں کو ہدایات جاری کر دی گئی ہیں اور اس سلسلے میں اقدامات کئے جا رہے ہیں۔ ذرائع کے مطابق اجلاس میں مختلف امور پر غور کیا گیا اور فیصلہ کیا گیا کہ عوام کی سہولت کیلئے فوری طور پر کام شروع کیا جائے گا۔ پاکستان میں جاری صورتحال کے حوالے سے حکام نے بتایا کہ متعلقہ اداروں کو ہدایات جاری کر دی گئی ہیں اور اس سلسلے میں اقدامات کئے جا رہے ہیں۔ ذرائع کے مطابق اجلاس میں مختلف امور پر غور کیا گیا اور فیصلہ کیا گیا کہ عوام کی سہولت کیلئے فوری طور پر کام شروع کیا جائے گا۔

پاکستان میں جاری صورتحال کے حوالے سے حکام نے بتایا کہ متعلقہ اداروں کو ہدایات جاری کر دی گئی ہیں اور اس سلسلے میں اقدامات کئے جا رہے ہیں۔ ذرائع کے مطابق اجلاس میں مختلف امور پر غور کیا گیا اور فیصلہ کیا گیا کہ عوام کی سہولت کیلئے فوری طور پر کام شروع کیا جائے گا۔ پاکستان میں جاری صورتحال کے حوالے سے حکام نے بتایا کہ متعلقہ اداروں کو ہدایات جاری کر دی گئی ہیں اور اس سلسلے میں اقدامات کئے جا رہے ہیں۔ ذرائع کے مطابق اجلاس میں مختلف امور پر غور کیا گیا اور فیصلہ کیا گیا کہ عوام کی سہولت کیلئے فوری طور پر کام شروع کیا جائے گا۔

28	پانچ سے	بقیہ

پاکستان میں جاری صورتحال کے حوالے سے حکام نے بتایا کہ متعلقہ اداروں کو ہدایات جاری کر دی گئی ہیں اور اس سلسلے میں اقدامات کئے جا رہے ہیں۔ ذرائع کے مطابق اجلاس میں مختلف امور پر غور کیا گیا اور فیصلہ کیا گیا کہ عوام کی سہولت کیلئے فوری طور پر کام شروع کیا جائے گا۔ پاکستان میں جاری صورتحال کے حوالے سے حکام نے بتایا کہ متعلقہ اداروں کو ہدایات جاری کر دی گئی ہیں اور اس سلسلے میں اقدامات کئے جا رہے ہیں۔ ذرائع کے مطابق اجلاس میں مختلف امور پر غور کیا گیا اور فیصلہ کیا گیا کہ عوام کی سہولت کیلئے فوری طور پر کام شروع کیا جائے گا۔ پاکستان میں جاری صورتحال کے حوالے سے حکام نے بتایا کہ متعلقہ اداروں کو ہدایات جاری کر دی گئی ہیں اور اس سلسلے میں اقدامات کئے جا رہے ہیں۔ ذرائع کے مطابق اجلاس میں مختلف امور پر غور کیا گیا اور فیصلہ کیا گیا کہ عوام کی سہولت کیلئے فوری طور پر کام شروع کیا جائے گا۔

29	الرٹ	بقیہ

پاکستان میں جاری صورتحال کے حوالے سے حکام نے بتایا کہ متعلقہ اداروں کو ہدایات جاری کر دی گئی ہیں اور اس سلسلے میں اقدامات کئے جا رہے ہیں۔ ذرائع کے مطابق اجلاس میں مختلف امور پر غور کیا گیا اور فیصلہ کیا گیا کہ عوام کی سہولت کیلئے فوری طور پر کام شروع کیا جائے گا۔ پاکستان میں جاری صورتحال کے حوالے سے حکام نے بتایا کہ متعلقہ اداروں کو ہدایات جاری کر دی گئی ہیں اور اس سلسلے میں اقدامات کئے جا رہے ہیں۔ ذرائع کے مطابق اجلاس میں مختلف امور پر غور کیا گیا اور فیصلہ کیا گیا کہ عوام کی سہولت کیلئے فوری طور پر کام شروع کیا جائے گا۔ پاکستان میں جاری صورتحال کے حوالے سے حکام نے بتایا کہ متعلقہ اداروں کو ہدایات جاری کر دی گئی ہیں اور اس سلسلے میں اقدامات کئے جا رہے ہیں۔ ذرائع کے مطابق اجلاس میں مختلف امور پر غور کیا گیا اور فیصلہ کیا گیا کہ عوام کی سہولت کیلئے فوری طور پر کام شروع کیا جائے گا۔

30	اسحاق ڈار	بقیہ

پاکستان میں جاری صورتحال کے حوالے سے حکام نے بتایا کہ متعلقہ اداروں کو ہدایات جاری کر دی گئی ہیں اور اس سلسلے میں اقدامات کئے جا رہے ہیں۔ ذرائع کے مطابق اجلاس میں مختلف امور پر غور کیا گیا اور فیصلہ کیا گیا کہ عوام کی سہولت کیلئے فوری طور پر کام شروع کیا جائے گا۔ پاکستان میں جاری صورتحال کے حوالے سے حکام نے بتایا کہ متعلقہ اداروں کو ہدایات جاری کر دی گئی ہیں اور اس سلسلے میں اقدامات کئے جا رہے ہیں۔ ذرائع کے مطابق اجلاس میں مختلف امور پر غور کیا گیا اور فیصلہ کیا گیا کہ عوام کی سہولت کیلئے فوری طور پر کام شروع کیا جائے گا۔ پاکستان میں جاری صورتحال کے حوالے سے حکام نے بتایا کہ متعلقہ اداروں کو ہدایات جاری کر دی گئی ہیں اور اس سلسلے میں اقدامات کئے جا رہے ہیں۔ ذرائع کے مطابق اجلاس میں مختلف امور پر غور کیا گیا اور فیصلہ کیا گیا کہ عوام کی سہولت کیلئے فوری طور پر کام شروع کیا جائے گا۔

31	جاں بحق	بقیہ

پاکستان میں جاری صورتحال کے حوالے سے حکام نے بتایا کہ متعلقہ اداروں کو ہدایات جاری کر دی گئی ہیں اور اس سلسلے میں اقدامات کئے جا رہے ہیں۔ ذرائع کے مطابق اجلاس میں مختلف امور پر غور کیا گیا اور فیصلہ کیا گیا کہ عوام کی سہولت کیلئے فوری طور پر کام شروع کیا جائے گا۔ پاکستان میں جاری صورتحال کے حوالے سے حکام نے بتایا کہ متعلقہ اداروں کو ہدایات جاری کر دی گئی ہیں اور اس سلسلے میں اقدامات کئے جا رہے ہیں۔ ذرائع کے مطابق اجلاس میں مختلف امور پر غور کیا گیا اور فیصلہ کیا گیا کہ عوام کی سہولت کیلئے فوری طور پر کام شروع کیا جائے گا۔ پاکستان میں جاری صورتحال کے حوالے سے حکام نے بتایا کہ متعلقہ اداروں کو ہدایات جاری کر دی گئی ہیں اور اس سلسلے میں اقدامات کئے جا رہے ہیں۔ ذرائع کے مطابق اجلاس میں مختلف امور پر غور کیا گیا اور فیصلہ کیا گیا کہ عوام کی سہولت کیلئے فوری طور پر کام شروع کیا جائے گا۔

32	تعلیمی بورڈ	بقیہ

پاکستان میں جاری صورتحال کے حوالے سے حکام نے بتایا کہ متعلقہ اداروں کو ہدایات جاری کر دی گئی ہیں اور اس سلسلے میں اقدامات کئے جا رہے ہیں۔ ذرائع کے مطابق اجلاس میں مختلف امور پر غور کیا گیا اور فیصلہ کیا گیا کہ عوام کی سہولت کیلئے فوری طور پر کام شروع کیا جائے گا۔ پاکستان میں جاری صورتحال کے حوالے سے حکام نے بتایا کہ متعلقہ اداروں کو ہدایات جاری کر دی گئی ہیں اور اس سلسلے میں اقدامات کئے جا رہے ہیں۔ ذرائع کے مطابق اجلاس میں مختلف امور پر غور کیا گیا اور فیصلہ کیا گیا کہ عوام کی سہولت کیلئے فوری طور پر کام شروع کیا جائے گا۔ پاکستان میں جاری صورتحال کے حوالے سے حکام نے بتایا کہ متعلقہ اداروں کو ہدایات جاری کر دی گئی ہیں اور اس سلسلے میں اقدامات کئے جا رہے ہیں۔ ذرائع کے مطابق اجلاس میں مختلف امور پر غور کیا گیا اور فیصلہ کیا گیا کہ عوام کی سہولت کیلئے فوری طور پر کام شروع کیا جائے گا۔

33	شہری ہوگئے	بقیہ

پاکستان میں جاری صورتحال کے حوالے سے حکام نے بتایا کہ متعلقہ اداروں کو ہدایات جاری کر دی گئی ہیں اور اس سلسلے میں اقدامات کئے جا رہے ہیں۔ ذرائع کے مطابق اجلاس میں مختلف امور پر غور کیا گیا اور فیصلہ کیا گیا کہ عوام کی سہولت کیلئے فوری طور پر کام شروع کیا جائے گا۔ پاکستان میں جاری صورتحال کے حوالے سے حکام نے بتایا کہ متعلقہ اداروں کو ہدایات جاری کر دی گئی ہیں اور اس سلسلے میں اقدامات کئے جا رہے ہیں۔ ذرائع کے مطابق اجلاس میں مختلف امور پر غور کیا گیا اور فیصلہ کیا گیا کہ عوام کی سہولت کیلئے فوری طور پر کام شروع کیا جائے گا۔ پاکستان میں جاری صورتحال کے حوالے سے حکام نے بتایا کہ متعلقہ اداروں کو ہدایات جاری کر دی گئی ہیں اور اس سلسلے میں اقدامات کئے جا رہے ہیں۔ ذرائع کے مطابق اجلاس میں مختلف امور پر غور کیا گیا اور فیصلہ کیا گیا کہ عوام کی سہولت کیلئے فوری طور پر کام شروع کیا جائے گا۔

34	اعلان	بقیہ

پاکستان میں جاری صورتحال کے حوالے سے حکام نے بتایا کہ متعلقہ اداروں کو ہدایات جاری کر دی گئی ہیں اور اس سلسلے میں اقدامات کئے جا رہے ہیں۔ ذرائع کے مطابق اجلاس میں مختلف امور پر غور کیا گیا اور فیصلہ کیا گیا کہ عوام کی سہولت کیلئے فوری طور پر کام شروع کیا جائے گا۔ پاکستان میں جاری صورتحال کے حوالے سے حکام نے بتایا کہ متعلقہ اداروں کو ہدایات جاری کر دی گئی ہیں اور اس سلسلے میں اقدامات کئے جا رہے ہیں۔ ذرائع کے مطابق اجلاس میں مختلف امور پر غور کیا گیا اور فیصلہ کیا گیا کہ عوام کی سہولت کیلئے فوری طور پر کام شروع کیا جائے گا۔ پاکستان میں جاری صورتحال کے حوالے سے حکام نے بتایا کہ متعلقہ اداروں کو ہدایات جاری کر دی گئی ہیں اور اس سلسلے میں اقدامات کئے جا رہے ہیں۔ ذرائع کے مطابق اجلاس میں مختلف امور پر غور کیا گیا اور فیصلہ کیا گیا کہ عوام کی سہولت کیلئے فوری طور پر کام شروع کیا جائے گا۔

35	مذاکرات	بقیہ

پاکستان میں جاری صورتحال کے حوالے سے حکام نے بتایا کہ متعلقہ اداروں کو ہدایات جاری کر دی گئی ہیں اور اس سلسلے میں اقدامات کئے جا رہے ہیں۔ ذرائع کے مطابق اجلاس میں مختلف امور پر غور کیا گیا اور فیصلہ کیا گیا کہ عوام کی سہولت کیلئے فوری طور پر کام شروع کیا جائے گا۔ پاکستان میں جاری صورتحال کے حوالے سے حکام نے بتایا کہ متعلقہ اداروں کو ہدایات جاری کر دی گئی ہیں اور اس سلسلے میں اقدامات کئے جا رہے ہیں۔ ذرائع کے مطابق اجلاس میں مختلف امور پر غور کیا گیا اور فیصلہ کیا گیا کہ عوام کی سہولت کیلئے فوری طور پر کام شروع کیا جائے گا۔ پاکستان میں جاری صورتحال کے حوالے سے حکام نے بتایا کہ متعلقہ اداروں کو ہدایات جاری کر دی گئی ہیں اور اس سلسلے میں اقدامات کئے جا رہے ہیں۔ ذرائع کے مطابق اجلاس میں مختلف امور پر غور کیا گیا اور فیصلہ کیا گیا کہ عوام کی سہولت کیلئے فوری طور پر کام شروع کیا جائے گا۔

36	مقدمہ درج	بقیہ

پاکستان میں جاری صورتحال کے حوالے سے حکام نے بتایا کہ متعلقہ اداروں کو ہدایات جاری کر دی گئی ہیں اور اس سلسلے میں اقدامات کئے جا رہے ہیں۔ ذرائع کے مطابق اجلاس میں مختلف امور پر غور کیا گیا اور فیصلہ کیا گیا کہ عوام کی سہولت کیلئے فوری طور پر کام شروع کیا جائے گا۔ پاکستان میں جاری صورتحال کے حوالے سے حکام نے بتایا کہ متعلقہ اداروں کو ہدایات جاری کر دی گئی ہیں اور اس سلسلے میں اقدامات کئے جا رہے ہیں۔ ذرائع کے مطابق اجلاس میں مختلف امور پر غور کیا گیا اور فیصلہ کیا گیا کہ عوام کی سہولت کیلئے فوری طور پر کام شروع کیا جائے گا۔ پاکستان میں جاری صورتحال کے حوالے سے حکام نے بتایا کہ متعلقہ اداروں کو ہدایات جاری کر دی گئی ہیں اور اس سلسلے میں اقدامات کئے جا رہے ہیں۔ ذرائع کے مطابق اجلاس میں مختلف امور پر غور کیا گیا اور فیصلہ کیا گیا کہ عوام کی سہولت کیلئے فوری طور پر کام شروع کیا جائے گا۔

پاکستان میں جاری صورتحال کے حوالے سے حکام نے بتایا کہ متعلقہ اداروں کو ہدایات جاری کر دی گئی ہیں اور اس سلسلے میں اقدامات کئے جا رہے ہیں۔ ذرائع کے مطابق اجلاس میں مختلف امور پر غور کیا گیا اور فیصلہ کیا گیا کہ عوام کی سہولت کیلئے فوری طور پر کام شروع کیا جائے گا۔ پاکستان میں جاری صورتحال کے حوالے سے حکام نے بتایا کہ متعلقہ اداروں کو ہدایات جاری کر دی گئی ہیں اور اس سلسلے میں اقدامات کئے جا رہے ہیں۔ ذرائع کے مطابق اجلاس میں مختلف امور پر غور کیا گیا اور فیصلہ کیا گیا کہ عوام کی سہولت کیلئے فوری طور پر کام شروع کیا جائے گا۔ پاکستان میں جاری صورتحال کے حوالے سے حکام نے بتایا کہ متعلقہ اداروں کو ہدایات جاری کر دی گئی ہیں اور اس سلسلے میں اقدامات کئے جا رہے ہیں۔ ذرائع کے مطابق اجلاس میں مختلف امور پر غور کیا گیا اور فیصلہ کیا گیا کہ عوام کی سہولت کیلئے فوری طور پر کام شروع کیا جائے گا۔ پاکستان میں جاری صورتحال کے حوالے سے حکام نے بتایا کہ متعلقہ اداروں کو ہدایات جاری کر دی گئی ہیں اور اس سلسلے میں اقدامات کئے جا رہے ہیں۔ ذرائع کے مطابق اجلاس میں مختلف امور پر غور کیا گیا اور فیصلہ کیا گیا کہ عوام کی سہولت کیلئے فوری طور پر کام شروع کیا جائے گا۔

پاکستان میں جاری صورتحال کے حوالے سے حکام نے بتایا کہ متعلقہ اداروں کو ہدایات جاری کر دی گئی ہیں اور اس سلسلے میں اقدامات کئے جا رہے ہیں۔ ذرائع کے مطابق اجلاس میں مختلف امور پر غور کیا گیا اور فیصلہ کیا گیا کہ عوام کی سہولت کیلئے فوری طور پر کام شروع کیا جائے گا۔ پاکستان میں جاری صورتحال کے حوالے سے حکام نے بتایا کہ متعلقہ اداروں کو ہدایات جاری کر دی گئی ہیں اور اس سلسلے میں اقدامات کئے جا رہے ہیں۔ ذرائع کے مطابق اجلاس میں مختلف امور پر غور کیا گیا اور فیصلہ کیا گیا کہ عوام کی سہولت کیلئے فوری طور پر کام شروع کیا جائے گا۔

37	جاں بحق	بقیہ

پاکستان میں جاری صورتحال کے حوالے سے حکام نے بتایا کہ متعلقہ اداروں کو ہدایات جاری کر دی گئی ہیں اور اس سلسلے میں اقدامات کئے جا رہے ہیں۔ ذرائع کے مطابق اجلاس میں مختلف امور پر غور کیا گیا اور فیصلہ کیا گیا کہ عوام کی سہولت کیلئے فوری طور پر کام شروع کیا جائے گا۔ پاکستان میں جاری صورتحال کے حوالے سے حکام نے بتایا کہ متعلقہ اداروں کو ہدایات جاری کر دی گئی ہیں اور اس سلسلے میں اقدامات کئے جا رہے ہیں۔ ذرائع کے مطابق اجلاس میں مختلف امور پر غور کیا گیا اور فیصلہ کیا گیا کہ عوام کی سہولت کیلئے فوری طور پر کام شروع کیا جائے گا۔ پاکستان میں جاری صورتحال کے حوالے سے حکام نے بتایا کہ متعلقہ اداروں کو ہدایات جاری کر دی گئی ہیں اور اس سلسلے میں اقدامات کئے جا رہے ہیں۔ ذرائع کے مطابق اجلاس میں مختلف امور پر غور کیا گیا اور فیصلہ کیا گیا کہ عوام کی سہولت کیلئے فوری طور پر کام شروع کیا جائے گا۔

38	چیئرمین سینیٹ	بقیہ

پاکستان میں جاری صورتحال کے حوالے سے حکام نے بتایا کہ متعلقہ اداروں کو ہدایات جاری کر دی گئی ہیں اور اس سلسلے میں اقدامات کئے جا رہے ہیں۔ ذرائع کے مطابق اجلاس میں مختلف امور پر غور کیا گیا اور فیصلہ کیا گیا کہ عوام کی سہولت کیلئے فوری طور پر کام شروع کیا جائے گا۔ پاکستان میں جاری صورتحال کے حوالے سے حکام نے بتایا کہ متعلقہ اداروں کو ہدایات جاری کر دی گئی ہیں اور اس سلسلے میں اقدامات کئے جا رہے ہیں۔ ذرائع کے مطابق اجلاس میں مختلف امور پر غور کیا گیا اور فیصلہ کیا گیا کہ عوام کی سہولت کیلئے فوری طور پر کام شروع کیا جائے گا۔ پاکستان میں جاری صورتحال کے حوالے سے حکام نے بتایا کہ متعلقہ اداروں کو ہدایات جاری کر دی گئی ہیں اور اس سلسلے میں اقدامات کئے جا رہے ہیں۔ ذرائع کے مطابق اجلاس میں مختلف امور پر غور کیا گیا اور فیصلہ کیا گیا کہ عوام کی سہولت کیلئے فوری طور پر کام شروع کیا جائے گا۔

39	سیلاب سے متاثرہ	بقیہ

پاکستان میں جاری صورتحال کے حوالے سے حکام نے بتایا کہ متعلقہ اداروں کو ہدایات جاری کر دی گئی ہیں اور اس سلسلے میں اقدامات کئے جا رہے ہیں۔ ذرائع کے مطابق اجلاس میں مختلف امور پر غور کیا گیا اور فیصلہ کیا گیا کہ عوام کی سہولت کیلئے فوری طور پر کام شروع کیا جائے گا۔ پاکستان میں جاری صورتحال کے حوالے سے حکام نے بتایا کہ متعلقہ اداروں کو ہدایات جاری کر دی گئی ہیں اور اس سلسلے میں اقدامات کئے جا رہے ہیں۔ ذرائع کے مطابق اجلاس میں مختلف امور پر غور کیا گیا اور فیصلہ کیا گیا کہ عوام کی سہولت کیلئے فوری طور پر کام شروع کیا جائے گا۔ پاکستان میں جاری صورتحال کے حوالے سے حکام نے بتایا کہ متعلقہ اداروں کو ہدایات جاری کر دی گئی ہیں اور اس سلسلے میں اقدامات کئے جا رہے ہیں۔ ذرائع کے مطابق اجلاس میں مختلف امور پر غور کیا گیا اور فیصلہ کیا گیا کہ عوام کی سہولت کیلئے فوری طور پر کام شروع کیا جائے گا۔

40	ارسال	بقیہ

پاکستان میں جاری صورتحال کے حوالے سے حکام نے بتایا کہ متعلقہ اداروں کو ہدایات جاری کر دی گئی ہیں اور اس سلسلے میں اقدامات کئے جا رہے ہیں۔ ذرائع کے مطابق اجلاس میں مختلف امور پر غور کیا گیا اور فیصلہ کیا گیا کہ عوام کی سہولت کیلئے فوری طور پر کام شروع کیا جائے گا۔ پاکستان میں جاری صورتحال کے حوالے سے حکام نے بتایا کہ متعلقہ اداروں کو ہدایات جاری کر دی گئی ہیں اور اس سلسلے میں اقدامات کئے جا رہے ہیں۔ ذرائع کے مطابق اجلاس میں مختلف امور پر غور کیا گیا اور فیصلہ کیا گیا کہ عوام کی سہولت کیلئے فوری طور پر کام شروع کیا جائے گا۔ پاکستان میں جاری صورتحال کے حوالے سے حکام نے بتایا کہ متعلقہ اداروں کو ہدایات جاری کر دی گئی ہیں اور اس سلسلے میں اقدامات کئے جا رہے ہیں۔ ذرائع کے مطابق اجلاس میں مختلف امور پر غور کیا گیا اور فیصلہ کیا گیا کہ عوام کی سہولت کیلئے فوری طور پر کام شروع کیا جائے گا۔

41	سیاسی جماعتیں	بقیہ

پاکستان میں جاری صورتحال کے حوالے سے حکام نے بتایا کہ متعلقہ اداروں کو ہدایات جاری کر دی گئی ہیں اور اس سلسلے میں اقدامات کئے جا رہے ہیں۔ ذرائع کے مطابق اجلاس میں مختلف امور پر غور کیا گیا اور فیصلہ کیا گیا کہ عوام کی سہولت کیلئے فوری طور پر کام شروع کیا جائے گا۔ پاکستان میں جاری صورتحال کے حوالے سے حکام نے بتایا کہ متعلقہ اداروں کو ہدایات جاری کر دی گئی ہیں اور اس سلسلے میں اقدامات کئے جا رہے ہیں۔ ذرائع کے مطابق اجلاس میں مختلف امور پر غور کیا گیا اور فیصلہ کیا گیا کہ عوام کی سہولت کیلئے فوری طور پر کام شروع کیا جائے گا۔ پاکستان میں جاری صورتحال کے حوالے سے حکام نے بتایا کہ متعلقہ اداروں کو ہدایات جاری کر دی گئی ہیں اور اس سلسلے میں اقدامات کئے جا رہے ہیں۔ ذرائع کے مطابق اجلاس میں مختلف امور پر غور کیا گیا اور فیصلہ کیا گیا کہ عوام کی سہولت کیلئے فوری طور پر کام شروع کیا جائے گا۔

42	رپورٹ	بقیہ

پاکستان میں جاری صورتحال کے حوالے سے حکام نے بتایا کہ متعلقہ اداروں کو ہدایات جاری کر دی گئی ہیں اور اس سلسلے میں اقدامات کئے جا رہے ہیں۔ ذرائع کے مطابق اجلاس میں مختلف امور پر غور کیا گیا اور فیصلہ کیا گیا کہ عوام کی سہولت کیلئے فوری طور پر کام شروع کیا جائے گا۔ پاکستان میں جاری صورتحال کے حوالے سے حکام نے بتایا کہ متعلقہ اداروں کو ہدایات جاری کر دی گئی ہیں اور اس سلسلے میں اقدامات کئے جا رہے ہیں۔ ذرائع کے مطابق اجلاس میں مختلف امور پر غور کیا گیا اور فیصلہ کیا گیا کہ عوام کی سہولت کیلئے فوری طور پر کام شروع کیا جائے گا۔ پاکستان میں جاری صورتحال کے حوالے سے حکام نے بتایا کہ متعلقہ اداروں کو ہدایات جاری کر دی گئی ہیں اور اس سلسلے میں اقدامات کئے جا رہے ہیں۔ ذرائع کے مطابق اجلاس میں مختلف امور پر غور کیا گیا اور فیصلہ کیا گیا کہ عوام کی سہولت کیلئے فوری طور پر کام شروع کیا جائے گا۔

43	وضاحت	بقیہ

پاکستان میں جاری صورتحال کے حوالے سے حکام نے بتایا کہ متعلقہ اداروں کو ہدایات جاری کر دی گئی ہیں اور اس سلسلے میں اقدامات کئے جا رہے ہیں۔ ذرائع کے مطابق اجلاس میں مختلف امور پر غور کیا گیا اور فیصلہ کیا گیا کہ عوام کی سہولت کیلئے فوری طور پر کام شروع کیا جائے گا۔ پاکستان میں جاری صورتحال کے حوالے سے حکام نے بتایا کہ متعلقہ اداروں کو ہدایات جاری کر دی گئی ہیں اور اس سلسلے میں اقدامات کئے جا رہے ہیں۔ ذرائع کے مطابق اجلاس میں مختلف امور پر غور کیا گیا اور فیصلہ کیا گیا کہ عوام کی سہولت کیلئے فوری طور پر کام شروع کیا جائے گا۔ پاکستان میں جاری صورتحال کے حوالے سے حکام نے بتایا کہ متعلقہ اداروں کو ہدایات جاری کر دی گئی ہیں اور اس سلسلے میں اقدامات کئے جا رہے ہیں۔ ذرائع کے مطابق اجلاس میں مختلف امور پر غور کیا گیا اور فیصلہ کیا گیا کہ عوام کی سہولت کیلئے فوری طور پر کام شروع کیا جائے گا۔

پاکستان میں جاری صورتحال کے حوالے سے حکام نے بتایا کہ متعلقہ اداروں کو ہدایات جاری کر دی گئی ہیں اور اس سلسلے میں اقدامات کئے جا رہے ہیں۔ ذرائع کے مطابق اجلاس میں مختلف امور پر غور کیا گیا اور فیصلہ کیا گیا کہ عوام کی سہولت کیلئے فوری طور پر کام شروع کیا جائے گا۔ پاکستان میں جاری صورتحال کے حوالے سے حکام نے بتایا کہ متعلقہ اداروں کو ہدایات جاری کر دی گئی ہیں اور اس سلسلے میں اقدامات کئے جا رہے ہیں۔ ذرائع کے مطابق اجلاس میں مختلف امور پر غور کیا گیا اور فیصلہ کیا گیا کہ عوام کی سہولت کیلئے فوری طور پر کام شروع کیا جائے گا۔ پاکستان میں جاری صورتحال کے حوالے سے حکام نے بتایا کہ متعلقہ اداروں کو ہدایات جاری کر دی گئی ہیں اور اس سلسلے میں اقدامات کئے جا رہے ہیں۔ ذرائع کے مطابق اجلاس میں مختلف امور پر غور کیا گیا اور فیصلہ کیا گیا کہ عوام کی سہولت کیلئے فوری طور پر کام شروع کیا جائے گا۔ پاکستان میں جاری صورتحال کے حوالے سے حکام نے بتایا کہ متعلقہ اداروں کو ہدایات جاری کر دی گئی ہیں اور اس سلسلے میں اقدامات کئے جا رہے ہیں۔ ذرائع کے مطابق اجلاس میں مختلف امور پر غور کیا گیا اور فیصلہ کیا گیا کہ عوام کی سہولت کیلئے فوری طور پر کام شروع کیا جائے گا۔

پاکستان میں جاری صورتحال کے حوالے سے حکام نے بتایا کہ متعلقہ اداروں کو ہدایات جاری کر دی گئی ہیں اور اس سلسلے میں اقدامات کئے جا رہے ہیں۔ ذرائع کے مطابق اجلاس میں مختلف امور پر غور کیا گیا اور فیصلہ کیا گیا کہ عوام کی سہولت کیلئے فوری طور پر کام شروع کیا جائے گا۔ پاکستان میں جاری صورتحال کے حوالے سے حکام نے بتایا کہ متعلقہ اداروں کو ہدایات جاری کر دی گئی ہیں اور اس سلسلے میں اقدامات کئے جا رہے ہیں۔ ذرائع کے مطابق اجلاس میں مختلف امور پر غور کیا گیا اور فیصلہ کیا گیا کہ عوام کی سہولت کیلئے فوری طور پر کام شروع کیا جائے گا۔

44	افتتاح	بقیہ

پاکستان میں جاری صورتحال کے حوالے سے حکام نے بتایا کہ متعلقہ اداروں کو ہدایات جاری کر دی گئی ہیں اور اس سلسلے میں اقدامات کئے جا رہے ہیں۔ ذرائع کے مطابق اجلاس میں مختلف امور پر غور کیا گیا اور فیصلہ کیا گیا کہ عوام کی سہولت کیلئے فوری طور پر کام شروع کیا جائے گا۔ پاکستان میں جاری صورتحال کے حوالے سے حکام نے بتایا کہ متعلقہ اداروں کو ہدایات جاری کر دی گئی ہیں اور اس سلسلے میں اقدامات کئے جا رہے ہیں۔ ذرائع کے مطابق اجلاس میں مختلف امور پر غور کیا گیا اور فیصلہ کیا گیا کہ عوام کی سہولت کیلئے فوری طور پر کام شروع کیا جائے گا۔ پاکستان میں جاری صورتحال کے حوالے سے حکام نے بتایا کہ متعلقہ اداروں کو ہدایات جاری کر دی گئی ہیں اور اس سلسلے میں اقدامات کئے جا رہے ہیں۔ ذرائع کے مطابق اجلاس میں مختلف امور پر غور کیا گیا اور فیصلہ کیا گیا کہ عوام کی سہولت کیلئے فوری طور پر کام شروع کیا جائے گا۔

45	بجلی بند	بقیہ

پاکستان میں جاری صورتحال کے حوالے سے حکام نے بتایا کہ متعلقہ اداروں کو ہدایات جاری کر دی گئی ہیں اور اس سلسلے میں اقدامات کئے جا رہے ہیں۔ ذرائع کے مطابق اجلاس میں مختلف امور پر غور کیا گیا اور فیصلہ کیا گیا کہ عوام کی سہولت کیلئے فوری طور پر کام شروع کیا جائے گا۔ پاکستان میں جاری صورتحال کے حوالے سے حکام نے بتایا کہ متعلقہ اداروں کو ہدایات جاری کر دی گئی ہیں اور اس سلسلے میں اقدامات کئے جا رہے ہیں۔ ذرائع کے مطابق اجلاس میں مختلف امور پر غور کیا گیا اور فیصلہ کیا گیا کہ عوام کی سہولت کیلئے فوری طور پر کام شروع کیا جائے گا۔ پاکستان میں جاری صورتحال کے حوالے سے حکام نے بتایا کہ متعلقہ اداروں کو ہدایات جاری کر دی گئی ہیں اور اس سلسلے میں اقدامات کئے جا رہے ہیں۔ ذرائع کے مطابق اجلاس میں مختلف امور پر غور کیا گیا اور فیصلہ کیا گیا کہ عوام کی سہولت کیلئے فوری طور پر کام شروع کیا جائے گا۔

SE IESCO
051-9260194
Rawalpindi-City E-Kachery
051-9292675
Rawalpindi-Cantt E-Kachery
051-9293048
SE IESCO Attock E-Kachery
051-4950343
SE IESCO Chakwal E-Kachery
0543-668500
SE IESCO Jhelum E-Kachery
0544-9270377
46	اقدام	بقیہ

پاکستان میں جاری صورتحال کے حوالے سے حکام نے بتایا کہ متعلقہ اداروں کو ہدایات جاری کر دی گئی ہیں اور اس سلسلے میں اقدامات کئے جا رہے ہیں۔ ذرائع کے مطابق اجلاس میں مختلف امور پر غور کیا گیا اور فیصلہ کیا گیا کہ عوام کی سہولت کیلئے فوری طور پر کام شروع کیا جائے گا۔ پاکستان میں جاری صورتحال کے حوالے سے حکام نے بتایا کہ متعلقہ اداروں کو ہدایات جاری کر دی گئی ہیں اور اس سلسلے میں اقدامات کئے جا رہے ہیں۔ ذرائع کے مطابق اجلاس میں مختلف امور پر غور کیا گیا اور فیصلہ کیا گیا کہ عوام کی سہولت کیلئے فوری طور پر کام شروع کیا جائے گا۔ پاکستان میں جاری صورتحال کے حوالے سے حکام نے بتایا کہ متعلقہ اداروں کو ہدایات جاری کر دی گئی ہیں اور اس سلسلے میں اقدامات کئے جا رہے ہیں۔ ذرائع کے مطابق اجلاس میں مختلف امور پر غور کیا گیا اور فیصلہ کیا گیا کہ عوام کی سہولت کیلئے فوری طور پر کام شروع کیا جائے گا۔

47	اپیل	بقیہ

پاکستان میں جاری صورتحال کے حوالے سے حکام نے بتایا کہ متعلقہ اداروں کو ہدایات جاری کر دی گئی ہیں اور اس سلسلے میں اقدامات کئے جا رہے ہیں۔ ذرائع کے مطابق اجلاس میں مختلف امور پر غور کیا گیا اور فیصلہ کیا گیا کہ عوام کی سہولت کیلئے فوری طور پر کام شروع کیا جائے گا۔ پاکستان میں جاری صورتحال کے حوالے سے حکام نے بتایا کہ متعلقہ اداروں کو ہدایات جاری کر دی گئی ہیں اور اس سلسلے میں اقدامات کئے جا رہے ہیں۔ ذرائع کے مطابق اجلاس میں مختلف امور پر غور کیا گیا اور فیصلہ کیا گیا کہ عوام کی سہولت کیلئے فوری طور پر کام شروع کیا جائے گا۔ پاکستان میں جاری صورتحال کے حوالے سے حکام نے بتایا کہ متعلقہ اداروں کو ہدایات جاری کر دی گئی ہیں اور اس سلسلے میں اقدامات کئے جا رہے ہیں۔ ذرائع کے مطابق اجلاس میں مختلف امور پر غور کیا گیا اور فیصلہ کیا گیا کہ عوام کی سہولت کیلئے فوری طور پر کام شروع کیا جائے گا۔

48	مشاورت	بقیہ

پاکستان میں جاری صورتحال کے حوالے سے حکام نے بتایا کہ متعلقہ اداروں کو ہدایات جاری کر دی گئی ہیں اور اس سلسلے میں اقدامات کئے جا رہے ہیں۔ ذرائع کے مطابق اجلاس میں مختلف امور پر غور کیا گیا اور فیصلہ کیا گیا کہ عوام کی سہولت کیلئے فوری طور پر کام شروع کیا جائے گا۔ پاکستان میں جاری صورتحال کے حوالے سے حکام نے بتایا کہ متعلقہ اداروں کو ہدایات جاری کر دی گئی ہیں اور اس سلسلے میں اقدامات کئے جا رہے ہیں۔ ذرائع کے مطابق اجلاس میں مختلف امور پر غور کیا گیا اور فیصلہ کیا گیا کہ عوام کی سہولت کیلئے فوری طور پر کام شروع کیا جائے گا۔ پاکستان میں جاری صورتحال کے حوالے سے حکام نے بتایا کہ متعلقہ اداروں کو ہدایات جاری کر دی گئی ہیں اور اس سلسلے میں اقدامات کئے جا رہے ہیں۔ ذرائع کے مطابق اجلاس میں مختلف امور پر غور کیا گیا اور فیصلہ کیا گیا کہ عوام کی سہولت کیلئے فوری طور پر کام شروع کیا جائے گا۔

49	تحقیقات	بقیہ

پاکستان میں جاری صورتحال کے حوالے سے حکام نے بتایا کہ متعلقہ اداروں کو ہدایات جاری کر دی گئی ہیں اور اس سلسلے میں اقدامات کئے جا رہے ہیں۔ ذرائع کے مطابق اجلاس میں مختلف امور پر غور کیا گیا اور فیصلہ کیا گیا کہ عوام کی سہولت کیلئے فوری طور پر کام شروع کیا جائے گا۔ پاکستان میں جاری صورتحال کے حوالے سے حکام نے بتایا کہ متعلقہ اداروں کو ہدایات جاری کر دی گئی ہیں اور اس سلسلے میں اقدامات کئے جا رہے ہیں۔ ذرائع کے مطابق اجلاس میں مختلف امور پر غور کیا گیا اور فیصلہ کیا گیا کہ عوام کی سہولت کیلئے فوری طور پر کام شروع کیا جائے گا۔ پاکستان میں جاری صورتحال کے حوالے سے حکام نے بتایا کہ متعلقہ اداروں کو ہدایات جاری کر دی گئی ہیں اور اس سلسلے میں اقدامات کئے جا رہے ہیں۔ ذرائع کے مطابق اجلاس میں مختلف امور پر غور کیا گیا اور فیصلہ کیا گیا کہ عوام کی سہولت کیلئے فوری طور پر کام شروع کیا جائے گا۔

پاکستان میں جاری صورتحال کے حوالے سے حکام نے بتایا کہ متعلقہ اداروں کو ہدایات جاری کر دی گئی ہیں اور اس سلسلے میں اقدامات کئے جا رہے ہیں۔ ذرائع کے مطابق اجلاس میں مختلف امور پر غور کیا گیا اور فیصلہ کیا گیا کہ عوام کی سہولت کیلئے فوری طور پر کام شروع کیا جائے گا۔ پاکستان میں جاری صورتحال کے حوالے سے حکام نے بتایا کہ متعلقہ اداروں کو ہدایات جاری کر دی گئی ہیں اور اس سلسلے میں اقدامات کئے جا رہے ہیں۔ ذرائع کے مطابق اجلاس میں مختلف امور پر غور کیا گیا اور فیصلہ کیا گیا کہ عوام کی سہولت کیلئے فوری طور پر کام شروع کیا جائے گا۔ پاکستان میں جاری صورتحال کے حوالے سے حکام نے بتایا کہ متعلقہ اداروں کو ہدایات جاری کر دی گئی ہیں اور اس سلسلے میں اقدامات کئے جا رہے ہیں۔ ذرائع کے مطابق اجلاس میں مختلف امور پر غور کیا گیا اور فیصلہ کیا گیا کہ عوام کی سہولت کیلئے فوری طور پر کام شروع کیا جائے گا۔ پاکستان میں جاری صورتحال کے حوالے سے حکام نے بتایا کہ متعلقہ اداروں کو ہدایات جاری کر دی گئی ہیں اور اس سلسلے میں اقدامات کئے جا رہے ہیں۔ ذرائع کے مطابق اجلاس میں مختلف امور پر غور کیا گیا اور فیصلہ کیا گیا کہ عوام کی سہولت کیلئے فوری طور پر کام شروع کیا جائے گا۔

پاکستان میں جاری صورتحال کے حوالے سے حکام نے بتایا کہ متعلقہ اداروں کو ہدایات جاری کر دی گئی ہیں اور اس سلسلے میں اقدامات کئے جا رہے ہیں۔ ذرائع کے مطابق اجلاس میں مختلف امور پر غور کیا گیا اور فیصلہ کیا گیا کہ عوام کی سہولت کیلئے فوری طور پر کام شروع کیا جائے گا۔ پاکستان میں جاری صورتحال کے حوالے سے حکام نے بتایا کہ متعلقہ اداروں کو ہدایات جاری کر دی گئی ہیں اور اس سلسلے میں اقدامات کئے جا رہے ہیں۔ ذرائع کے مطابق اجلاس میں مختلف امور پر غور کیا گیا اور فیصلہ کیا گیا کہ عوام کی سہولت کیلئے فوری طور پر کام شروع کیا جائے گا۔

50	اقدامات جاری	بقیہ

پاکستان میں جاری صورتحال کے حوالے سے حکام نے بتایا کہ متعلقہ اداروں کو ہدایات جاری کر دی گئی ہیں اور اس سلسلے میں اقدامات کئے جا رہے ہیں۔ ذرائع کے مطابق اجلاس میں مختلف امور پر غور کیا گیا اور فیصلہ کیا گیا کہ عوام کی سہولت کیلئے فوری طور پر کام شروع کیا جائے گا۔ پاکستان میں جاری صورتحال کے حوالے سے حکام نے بتایا کہ متعلقہ اداروں کو ہدایات جاری کر دی گئی ہیں اور اس سلسلے میں اقدامات کئے جا رہے ہیں۔ ذرائع کے مطابق اجلاس میں مختلف امور پر غور کیا گیا اور فیصلہ کیا گیا کہ عوام کی سہولت کیلئے فوری طور پر کام شروع کیا جائے گا۔ پاکستان میں جاری صورتحال کے حوالے سے حکام نے بتایا کہ متعلقہ اداروں کو ہدایات جاری کر دی گئی ہیں اور اس سلسلے میں اقدامات کئے جا رہے ہیں۔ ذرائع کے مطابق اجلاس میں مختلف امور پر غور کیا گیا اور فیصلہ کیا گیا کہ عوام کی سہولت کیلئے فوری طور پر کام شروع کیا جائے گا۔

51	سزا	بقیہ

پاکستان میں جاری صورتحال کے حوالے سے حکام نے بتایا کہ متعلقہ اداروں کو ہدایات جاری کر دی گئی ہیں اور اس سلسلے میں اقدامات کئے جا رہے ہیں۔ ذرائع کے مطابق اجلاس میں مختلف امور پر غور کیا گیا اور فیصلہ کیا گیا کہ عوام کی سہولت کیلئے فوری طور پر کام شروع کیا جائے گا۔ پاکستان میں جاری صورتحال کے حوالے سے حکام نے بتایا کہ متعلقہ اداروں کو ہدایات جاری کر دی گئی ہیں اور اس سلسلے میں اقدامات کئے جا رہے ہیں۔ ذرائع کے مطابق اجلاس میں مختلف امور پر غور کیا گیا اور فیصلہ کیا گیا کہ عوام کی سہولت کیلئے فوری طور پر کام شروع کیا جائے گا۔ پاکستان میں جاری صورتحال کے حوالے سے حکام نے بتایا کہ متعلقہ اداروں کو ہدایات جاری کر دی گئی ہیں اور اس سلسلے میں اقدامات کئے جا رہے ہیں۔ ذرائع کے مطابق اجلاس میں مختلف امور پر غور کیا گیا اور فیصلہ کیا گیا کہ عوام کی سہولت کیلئے فوری طور پر کام شروع کیا جائے گا۔

52	تحفظ	بقیہ

پاکستان میں جاری صورتحال کے حوالے سے حکام نے بتایا کہ متعلقہ اداروں کو ہدایات جاری کر دی گئی ہیں اور اس سلسلے میں اقدامات کئے جا رہے ہیں۔ ذرائع کے مطابق اجلاس میں مختلف امور پر غور کیا گیا اور فیصلہ کیا گیا کہ عوام کی سہولت کیلئے فوری طور پر کام شروع کیا جائے گا۔ پاکستان میں جاری صورتحال کے حوالے سے حکام نے بتایا کہ متعلقہ اداروں کو ہدایات جاری کر دی گئی ہیں اور اس سلسلے میں اقدامات کئے جا رہے ہیں۔ ذرائع کے مطابق اجلاس میں مختلف امور پر غور کیا گیا اور فیصلہ کیا گیا کہ عوام کی سہولت کیلئے فوری طور پر کام شروع کیا جائے گا۔ پاکستان میں جاری صورتحال کے حوالے سے حکام نے بتایا کہ متعلقہ اداروں کو ہدایات جاری کر دی گئی ہیں اور اس سلسلے میں اقدامات کئے جا رہے ہیں۔ ذرائع کے مطابق اجلاس میں مختلف امور پر غور کیا گیا اور فیصلہ کیا گیا کہ عوام کی سہولت کیلئے فوری طور پر کام شروع کیا جائے گا۔

53	حکومتی اقدامات	بقیہ

پاکستان میں جاری صورتحال کے حوالے سے حکام نے بتایا کہ متعلقہ اداروں کو ہدایات جاری کر دی گئی ہیں اور اس سلسلے میں اقدامات کئے جا رہے ہیں۔ ذرائع کے مطابق اجلاس میں مختلف امور پر غور کیا گیا اور فیصلہ کیا گیا کہ عوام کی سہولت کیلئے فوری طور پر کام شروع کیا جائے گا۔ پاکستان میں جاری صورتحال کے حوالے سے حکام نے بتایا کہ متعلقہ اداروں کو ہدایات جاری کر دی گئی ہیں اور اس سلسلے میں اقدامات کئے جا رہے ہیں۔ ذرائع کے مطابق اجلاس میں مختلف امور پر غور کیا گیا اور فیصلہ کیا گیا کہ عوام کی سہولت کیلئے فوری طور پر کام شروع کیا جائے گا۔ پاکستان میں جاری صورتحال کے حوالے سے حکام نے بتایا کہ متعلقہ اداروں کو ہدایات جاری کر دی گئی ہیں اور اس سلسلے میں اقدامات کئے جا رہے ہیں۔ ذرائع کے مطابق اجلاس میں مختلف امور پر غور کیا گیا اور فیصلہ کیا گیا کہ عوام کی سہولت کیلئے فوری طور پر کام شروع کیا جائے گا۔

54	فائدہ	بقیہ

پاکستان میں جاری صورتحال کے حوالے سے حکام نے بتایا کہ متعلقہ اداروں کو ہدایات جاری کر دی گئی ہیں اور اس سلسلے میں اقدامات کئے جا رہے ہیں۔ ذرائع کے مطابق اجلاس میں مختلف امور پر غور کیا گیا اور فیصلہ کیا گیا کہ عوام کی سہولت کیلئے فوری طور پر کام شروع کیا جائے گا۔ پاکستان میں جاری صورتحال کے حوالے سے حکام نے بتایا کہ متعلقہ اداروں کو ہدایات جاری کر دی گئی ہیں اور اس سلسلے میں اقدامات کئے جا رہے ہیں۔ ذرائع کے مطابق اجلاس میں مختلف امور پر غور کیا گیا اور فیصلہ کیا گیا کہ عوام کی سہولت کیلئے فوری طور پر کام شروع کیا جائے گا۔ پاکستان میں جاری صورتحال کے حوالے سے حکام نے بتایا کہ متعلقہ اداروں کو ہدایات جاری کر دی گئی ہیں اور اس سلسلے میں اقدامات کئے جا رہے ہیں۔ ذرائع کے مطابق اجلاس میں مختلف امور پر غور کیا گیا اور فیصلہ کیا گیا کہ عوام کی سہولت کیلئے فوری طور پر کام شروع کیا جائے گا۔

55	حکومت کا اعلان	بقیہ

پاکستان میں جاری صورتحال کے حوالے سے حکام نے بتایا کہ متعلقہ اداروں کو ہدایات جاری کر دی گئی ہیں اور اس سلسلے میں اقدامات کئے جا رہے ہیں۔ ذرائع کے مطابق اجلاس میں مختلف امور پر غور کیا گیا اور فیصلہ کیا گیا کہ عوام کی سہولت کیلئے فوری طور پر کام شروع کیا جائے گا۔ پاکستان میں جاری صورتحال کے حوالے سے حکام نے بتایا کہ متعلقہ اداروں کو ہدایات جاری کر دی گئی ہیں اور اس سلسلے میں اقدامات کئے جا رہے ہیں۔ ذرائع کے مطابق اجلاس میں مختلف امور پر غور کیا گیا اور فیصلہ کیا گیا کہ عوام کی سہولت کیلئے فوری طور پر کام شروع کیا جائے گا۔ پاکستان میں جاری صورتحال کے حوالے سے حکام نے بتایا کہ متعلقہ اداروں کو ہدایات جاری کر دی گئی ہیں اور اس سلسلے میں اقدامات کئے جا رہے ہیں۔ ذرائع کے مطابق اجلاس میں مختلف امور پر غور کیا گیا اور فیصلہ کیا گیا کہ عوام کی سہولت کیلئے فوری طور پر کام شروع کیا جائے گا۔

پاکستان میں جاری صورتحال کے حوالے سے حکام نے بتایا کہ متعلقہ اداروں کو ہدایات جاری کر دی گئی ہیں اور اس سلسلے میں اقدامات کئے جا رہے ہیں۔ ذرائع کے مطابق اجلاس میں مختلف امور پر غور کیا گیا اور فیصلہ کیا گیا کہ عوام کی سہولت کیلئے فوری طور پر کام شروع کیا جائے گا۔ پاکستان میں جاری صورتحال کے حوالے سے حکام نے بتایا کہ متعلقہ اداروں کو ہدایات جاری کر دی گئی ہیں اور اس سلسلے میں اقدامات کئے جا رہے ہیں۔ ذرائع کے مطابق اجلاس میں مختلف امور پر غور کیا گیا اور فیصلہ کیا گیا کہ عوام کی سہولت کیلئے فوری طور پر کام شروع کیا جائے گا۔ پاکستان میں جاری صورتحال کے حوالے سے حکام نے بتایا کہ متعلقہ اداروں کو ہدایات جاری کر دی گئی ہیں اور اس سلسلے میں اقدامات کئے جا رہے ہیں۔ ذرائع کے مطابق اجلاس میں مختلف امور پر غور کیا گیا اور فیصلہ کیا گیا کہ عوام کی سہولت کیلئے فوری طور پر کام شروع کیا جائے گا۔ پاکستان میں جاری صورتحال کے حوالے سے حکام نے بتایا کہ متعلقہ اداروں کو ہدایات جاری کر دی گئی ہیں اور اس سلسلے میں اقدامات کئے جا رہے ہیں۔ ذرائع کے مطابق اجلاس میں مختلف امور پر غور کیا گیا اور فیصلہ کیا گیا کہ عوام کی سہولت کیلئے فوری طور پر کام شروع کیا جائے گا۔
